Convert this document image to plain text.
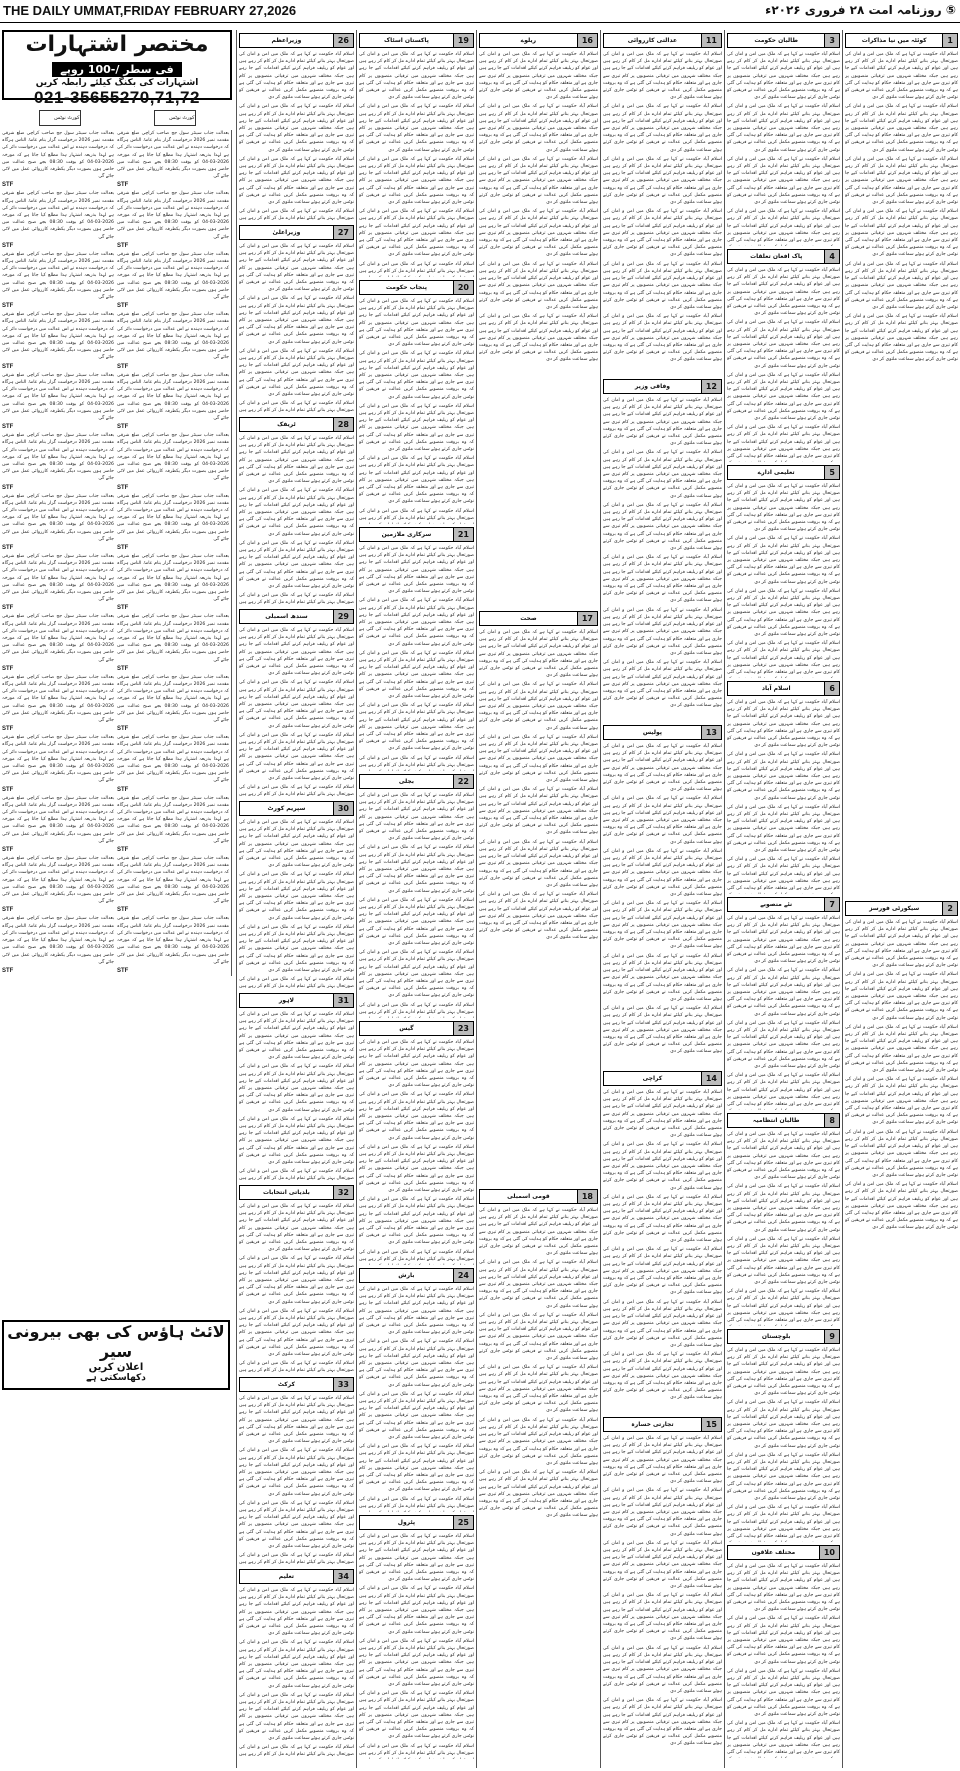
THE DAILY UMMAT,FRIDAY FEBRUARY 27,2026	⑤ روزنامہ امت ۲۸ فروری ۲۰۲۶ء
کورٹ نوٹس	کورٹ نوٹس

بعدالت جناب سینئر سول جج صاحب کراچی ضلع شرقی مقدمہ نمبر 2026 درخواست گزار بنام عامۃ الناس ہرگاہ کہ درخواست دہندہ نے اس عدالت میں درخواست دائر کی ہے لہذا بذریعہ اشتہار ہذا مطلع کیا جاتا ہے کہ مورخہ 2026-03-04 کو بوقت 08:30 بجے صبح عدالت میں حاضر ہوں بصورت دیگر یکطرفہ کارروائی عمل میں لائی جائے گی

STF

بعدالت جناب سینئر سول جج صاحب کراچی ضلع شرقی مقدمہ نمبر 2026 درخواست گزار بنام عامۃ الناس ہرگاہ کہ درخواست دہندہ نے اس عدالت میں درخواست دائر کی ہے لہذا بذریعہ اشتہار ہذا مطلع کیا جاتا ہے کہ مورخہ 2026-03-04 کو بوقت 08:30 بجے صبح عدالت میں حاضر ہوں بصورت دیگر یکطرفہ کارروائی عمل میں لائی جائے گی

STF

بعدالت جناب سینئر سول جج صاحب کراچی ضلع شرقی مقدمہ نمبر 2026 درخواست گزار بنام عامۃ الناس ہرگاہ کہ درخواست دہندہ نے اس عدالت میں درخواست دائر کی ہے لہذا بذریعہ اشتہار ہذا مطلع کیا جاتا ہے کہ مورخہ 2026-03-04 کو بوقت 08:30 بجے صبح عدالت میں حاضر ہوں بصورت دیگر یکطرفہ کارروائی عمل میں لائی جائے گی

STF

بعدالت جناب سینئر سول جج صاحب کراچی ضلع شرقی مقدمہ نمبر 2026 درخواست گزار بنام عامۃ الناس ہرگاہ کہ درخواست دہندہ نے اس عدالت میں درخواست دائر کی ہے لہذا بذریعہ اشتہار ہذا مطلع کیا جاتا ہے کہ مورخہ 2026-03-04 کو بوقت 08:30 بجے صبح عدالت میں حاضر ہوں بصورت دیگر یکطرفہ کارروائی عمل میں لائی جائے گی

STF

بعدالت جناب سینئر سول جج صاحب کراچی ضلع شرقی مقدمہ نمبر 2026 درخواست گزار بنام عامۃ الناس ہرگاہ کہ درخواست دہندہ نے اس عدالت میں درخواست دائر کی ہے لہذا بذریعہ اشتہار ہذا مطلع کیا جاتا ہے کہ مورخہ 2026-03-04 کو بوقت 08:30 بجے صبح عدالت میں حاضر ہوں بصورت دیگر یکطرفہ کارروائی عمل میں لائی جائے گی

STF

بعدالت جناب سینئر سول جج صاحب کراچی ضلع شرقی مقدمہ نمبر 2026 درخواست گزار بنام عامۃ الناس ہرگاہ کہ درخواست دہندہ نے اس عدالت میں درخواست دائر کی ہے لہذا بذریعہ اشتہار ہذا مطلع کیا جاتا ہے کہ مورخہ 2026-03-04 کو بوقت 08:30 بجے صبح عدالت میں حاضر ہوں بصورت دیگر یکطرفہ کارروائی عمل میں لائی جائے گی

STF

بعدالت جناب سینئر سول جج صاحب کراچی ضلع شرقی مقدمہ نمبر 2026 درخواست گزار بنام عامۃ الناس ہرگاہ کہ درخواست دہندہ نے اس عدالت میں درخواست دائر کی ہے لہذا بذریعہ اشتہار ہذا مطلع کیا جاتا ہے کہ مورخہ 2026-03-04 کو بوقت 08:30 بجے صبح عدالت میں حاضر ہوں بصورت دیگر یکطرفہ کارروائی عمل میں لائی جائے گی

STF

بعدالت جناب سینئر سول جج صاحب کراچی ضلع شرقی مقدمہ نمبر 2026 درخواست گزار بنام عامۃ الناس ہرگاہ کہ درخواست دہندہ نے اس عدالت میں درخواست دائر کی ہے لہذا بذریعہ اشتہار ہذا مطلع کیا جاتا ہے کہ مورخہ 2026-03-04 کو بوقت 08:30 بجے صبح عدالت میں حاضر ہوں بصورت دیگر یکطرفہ کارروائی عمل میں لائی جائے گی

STF

بعدالت جناب سینئر سول جج صاحب کراچی ضلع شرقی مقدمہ نمبر 2026 درخواست گزار بنام عامۃ الناس ہرگاہ کہ درخواست دہندہ نے اس عدالت میں درخواست دائر کی ہے لہذا بذریعہ اشتہار ہذا مطلع کیا جاتا ہے کہ مورخہ 2026-03-04 کو بوقت 08:30 بجے صبح عدالت میں حاضر ہوں بصورت دیگر یکطرفہ کارروائی عمل میں لائی جائے گی

STF

بعدالت جناب سینئر سول جج صاحب کراچی ضلع شرقی مقدمہ نمبر 2026 درخواست گزار بنام عامۃ الناس ہرگاہ کہ درخواست دہندہ نے اس عدالت میں درخواست دائر کی ہے لہذا بذریعہ اشتہار ہذا مطلع کیا جاتا ہے کہ مورخہ 2026-03-04 کو بوقت 08:30 بجے صبح عدالت میں حاضر ہوں بصورت دیگر یکطرفہ کارروائی عمل میں لائی جائے گی

STF

بعدالت جناب سینئر سول جج صاحب کراچی ضلع شرقی مقدمہ نمبر 2026 درخواست گزار بنام عامۃ الناس ہرگاہ کہ درخواست دہندہ نے اس عدالت میں درخواست دائر کی ہے لہذا بذریعہ اشتہار ہذا مطلع کیا جاتا ہے کہ مورخہ 2026-03-04 کو بوقت 08:30 بجے صبح عدالت میں حاضر ہوں بصورت دیگر یکطرفہ کارروائی عمل میں لائی جائے گی

STF

بعدالت جناب سینئر سول جج صاحب کراچی ضلع شرقی مقدمہ نمبر 2026 درخواست گزار بنام عامۃ الناس ہرگاہ کہ درخواست دہندہ نے اس عدالت میں درخواست دائر کی ہے لہذا بذریعہ اشتہار ہذا مطلع کیا جاتا ہے کہ مورخہ 2026-03-04 کو بوقت 08:30 بجے صبح عدالت میں حاضر ہوں بصورت دیگر یکطرفہ کارروائی عمل میں لائی جائے گی

STF

بعدالت جناب سینئر سول جج صاحب کراچی ضلع شرقی مقدمہ نمبر 2026 درخواست گزار بنام عامۃ الناس ہرگاہ کہ درخواست دہندہ نے اس عدالت میں درخواست دائر کی ہے لہذا بذریعہ اشتہار ہذا مطلع کیا جاتا ہے کہ مورخہ 2026-03-04 کو بوقت 08:30 بجے صبح عدالت میں حاضر ہوں بصورت دیگر یکطرفہ کارروائی عمل میں لائی جائے گی

STF

بعدالت جناب سینئر سول جج صاحب کراچی ضلع شرقی مقدمہ نمبر 2026 درخواست گزار بنام عامۃ الناس ہرگاہ کہ درخواست دہندہ نے اس عدالت میں درخواست دائر کی ہے لہذا بذریعہ اشتہار ہذا مطلع کیا جاتا ہے کہ مورخہ 2026-03-04 کو بوقت 08:30 بجے صبح عدالت میں حاضر ہوں بصورت دیگر یکطرفہ کارروائی عمل میں لائی جائے گی

STF

بعدالت جناب سینئر سول جج صاحب کراچی ضلع شرقی مقدمہ نمبر 2026 درخواست گزار بنام عامۃ الناس ہرگاہ کہ درخواست دہندہ نے اس عدالت میں درخواست دائر کی ہے لہذا بذریعہ اشتہار ہذا مطلع کیا جاتا ہے کہ مورخہ 2026-03-04 کو بوقت 08:30 بجے صبح عدالت میں حاضر ہوں بصورت دیگر یکطرفہ کارروائی عمل میں لائی جائے گی

STF

بعدالت جناب سینئر سول جج صاحب کراچی ضلع شرقی مقدمہ نمبر 2026 درخواست گزار بنام عامۃ الناس ہرگاہ کہ درخواست دہندہ نے اس عدالت میں درخواست دائر کی ہے لہذا بذریعہ اشتہار ہذا مطلع کیا جاتا ہے کہ مورخہ 2026-03-04 کو بوقت 08:30 بجے صبح عدالت میں حاضر ہوں بصورت دیگر یکطرفہ کارروائی عمل میں لائی جائے گی

STF

بعدالت جناب سینئر سول جج صاحب کراچی ضلع شرقی مقدمہ نمبر 2026 درخواست گزار بنام عامۃ الناس ہرگاہ کہ درخواست دہندہ نے اس عدالت میں درخواست دائر کی ہے لہذا بذریعہ اشتہار ہذا مطلع کیا جاتا ہے کہ مورخہ 2026-03-04 کو بوقت 08:30 بجے صبح عدالت میں حاضر ہوں بصورت دیگر یکطرفہ کارروائی عمل میں لائی جائے گی

STF

بعدالت جناب سینئر سول جج صاحب کراچی ضلع شرقی مقدمہ نمبر 2026 درخواست گزار بنام عامۃ الناس ہرگاہ کہ درخواست دہندہ نے اس عدالت میں درخواست دائر کی ہے لہذا بذریعہ اشتہار ہذا مطلع کیا جاتا ہے کہ مورخہ 2026-03-04 کو بوقت 08:30 بجے صبح عدالت میں حاضر ہوں بصورت دیگر یکطرفہ کارروائی عمل میں لائی جائے گی

STF

بعدالت جناب سینئر سول جج صاحب کراچی ضلع شرقی مقدمہ نمبر 2026 درخواست گزار بنام عامۃ الناس ہرگاہ کہ درخواست دہندہ نے اس عدالت میں درخواست دائر کی ہے لہذا بذریعہ اشتہار ہذا مطلع کیا جاتا ہے کہ مورخہ 2026-03-04 کو بوقت 08:30 بجے صبح عدالت میں حاضر ہوں بصورت دیگر یکطرفہ کارروائی عمل میں لائی جائے گی

STF

بعدالت جناب سینئر سول جج صاحب کراچی ضلع شرقی مقدمہ نمبر 2026 درخواست گزار بنام عامۃ الناس ہرگاہ کہ درخواست دہندہ نے اس عدالت میں درخواست دائر کی ہے لہذا بذریعہ اشتہار ہذا مطلع کیا جاتا ہے کہ مورخہ 2026-03-04 کو بوقت 08:30 بجے صبح عدالت میں حاضر ہوں بصورت دیگر یکطرفہ کارروائی عمل میں لائی جائے گی

STF

بعدالت جناب سینئر سول جج صاحب کراچی ضلع شرقی مقدمہ نمبر 2026 درخواست گزار بنام عامۃ الناس ہرگاہ کہ درخواست دہندہ نے اس عدالت میں درخواست دائر کی ہے لہذا بذریعہ اشتہار ہذا مطلع کیا جاتا ہے کہ مورخہ 2026-03-04 کو بوقت 08:30 بجے صبح عدالت میں حاضر ہوں بصورت دیگر یکطرفہ کارروائی عمل میں لائی جائے گی

STF

بعدالت جناب سینئر سول جج صاحب کراچی ضلع شرقی مقدمہ نمبر 2026 درخواست گزار بنام عامۃ الناس ہرگاہ کہ درخواست دہندہ نے اس عدالت میں درخواست دائر کی ہے لہذا بذریعہ اشتہار ہذا مطلع کیا جاتا ہے کہ مورخہ 2026-03-04 کو بوقت 08:30 بجے صبح عدالت میں حاضر ہوں بصورت دیگر یکطرفہ کارروائی عمل میں لائی جائے گی

STF

بعدالت جناب سینئر سول جج صاحب کراچی ضلع شرقی مقدمہ نمبر 2026 درخواست گزار بنام عامۃ الناس ہرگاہ کہ درخواست دہندہ نے اس عدالت میں درخواست دائر کی ہے لہذا بذریعہ اشتہار ہذا مطلع کیا جاتا ہے کہ مورخہ 2026-03-04 کو بوقت 08:30 بجے صبح عدالت میں حاضر ہوں بصورت دیگر یکطرفہ کارروائی عمل میں لائی جائے گی

STF

بعدالت جناب سینئر سول جج صاحب کراچی ضلع شرقی مقدمہ نمبر 2026 درخواست گزار بنام عامۃ الناس ہرگاہ کہ درخواست دہندہ نے اس عدالت میں درخواست دائر کی ہے لہذا بذریعہ اشتہار ہذا مطلع کیا جاتا ہے کہ مورخہ 2026-03-04 کو بوقت 08:30 بجے صبح عدالت میں حاضر ہوں بصورت دیگر یکطرفہ کارروائی عمل میں لائی جائے گی

STF

بعدالت جناب سینئر سول جج صاحب کراچی ضلع شرقی مقدمہ نمبر 2026 درخواست گزار بنام عامۃ الناس ہرگاہ کہ درخواست دہندہ نے اس عدالت میں درخواست دائر کی ہے لہذا بذریعہ اشتہار ہذا مطلع کیا جاتا ہے کہ مورخہ 2026-03-04 کو بوقت 08:30 بجے صبح عدالت میں حاضر ہوں بصورت دیگر یکطرفہ کارروائی عمل میں لائی جائے گی

STF

بعدالت جناب سینئر سول جج صاحب کراچی ضلع شرقی مقدمہ نمبر 2026 درخواست گزار بنام عامۃ الناس ہرگاہ کہ درخواست دہندہ نے اس عدالت میں درخواست دائر کی ہے لہذا بذریعہ اشتہار ہذا مطلع کیا جاتا ہے کہ مورخہ 2026-03-04 کو بوقت 08:30 بجے صبح عدالت میں حاضر ہوں بصورت دیگر یکطرفہ کارروائی عمل میں لائی جائے گی

STF

بعدالت جناب سینئر سول جج صاحب کراچی ضلع شرقی مقدمہ نمبر 2026 درخواست گزار بنام عامۃ الناس ہرگاہ کہ درخواست دہندہ نے اس عدالت میں درخواست دائر کی ہے لہذا بذریعہ اشتہار ہذا مطلع کیا جاتا ہے کہ مورخہ 2026-03-04 کو بوقت 08:30 بجے صبح عدالت میں حاضر ہوں بصورت دیگر یکطرفہ کارروائی عمل میں لائی جائے گی

STF

بعدالت جناب سینئر سول جج صاحب کراچی ضلع شرقی مقدمہ نمبر 2026 درخواست گزار بنام عامۃ الناس ہرگاہ کہ درخواست دہندہ نے اس عدالت میں درخواست دائر کی ہے لہذا بذریعہ اشتہار ہذا مطلع کیا جاتا ہے کہ مورخہ 2026-03-04 کو بوقت 08:30 بجے صبح عدالت میں حاضر ہوں بصورت دیگر یکطرفہ کارروائی عمل میں لائی جائے گی

STF
مختصر اشتہارات
فی سطر /-100 روپے
اشتہارات کی بکنگ کیلئے رابطہ کریں
021-35655270,71,72
لائٹ ہاؤس کی بھی بیرونی سیر
اعلان کریں
دکھاسکتی ہے
26
وزیراعظم

اسلام آباد حکومت نے کہا ہے کہ ملک میں امن و امان کی صورتحال بہتر بنانے کیلئے تمام ادارے مل کر کام کر رہے ہیں اور عوام کو ریلیف فراہم کرنے کیلئے اقدامات کیے جا رہے ہیں جبکہ مختلف شہروں میں ترقیاتی منصوبوں پر کام تیزی سے جاری ہے اور متعلقہ حکام کو ہدایت کی گئی ہے کہ وہ بروقت منصوبے مکمل کریں عدالت نے فریقین کو نوٹس جاری کرتے ہوئے سماعت ملتوی کر دی

اسلام آباد حکومت نے کہا ہے کہ ملک میں امن و امان کی صورتحال بہتر بنانے کیلئے تمام ادارے مل کر کام کر رہے ہیں اور عوام کو ریلیف فراہم کرنے کیلئے اقدامات کیے جا رہے ہیں جبکہ مختلف شہروں میں ترقیاتی منصوبوں پر کام تیزی سے جاری ہے اور متعلقہ حکام کو ہدایت کی گئی ہے کہ وہ بروقت منصوبے مکمل کریں عدالت نے فریقین کو نوٹس جاری کرتے ہوئے سماعت ملتوی کر دی

اسلام آباد حکومت نے کہا ہے کہ ملک میں امن و امان کی صورتحال بہتر بنانے کیلئے تمام ادارے مل کر کام کر رہے ہیں اور عوام کو ریلیف فراہم کرنے کیلئے اقدامات کیے جا رہے ہیں جبکہ مختلف شہروں میں ترقیاتی منصوبوں پر کام تیزی سے جاری ہے اور متعلقہ حکام کو ہدایت کی گئی ہے کہ وہ بروقت منصوبے مکمل کریں عدالت نے فریقین کو نوٹس جاری کرتے ہوئے سماعت ملتوی کر دی

اسلام آباد حکومت نے کہا ہے کہ ملک میں امن و امان کی صورتحال بہتر بنانے کیلئے تمام ادارے مل کر کام کر رہے ہیں

27
وزیراعلیٰ

اسلام آباد حکومت نے کہا ہے کہ ملک میں امن و امان کی صورتحال بہتر بنانے کیلئے تمام ادارے مل کر کام کر رہے ہیں اور عوام کو ریلیف فراہم کرنے کیلئے اقدامات کیے جا رہے ہیں جبکہ مختلف شہروں میں ترقیاتی منصوبوں پر کام تیزی سے جاری ہے اور متعلقہ حکام کو ہدایت کی گئی ہے کہ وہ بروقت منصوبے مکمل کریں عدالت نے فریقین کو نوٹس جاری کرتے ہوئے سماعت ملتوی کر دی

اسلام آباد حکومت نے کہا ہے کہ ملک میں امن و امان کی صورتحال بہتر بنانے کیلئے تمام ادارے مل کر کام کر رہے ہیں اور عوام کو ریلیف فراہم کرنے کیلئے اقدامات کیے جا رہے ہیں جبکہ مختلف شہروں میں ترقیاتی منصوبوں پر کام تیزی سے جاری ہے اور متعلقہ حکام کو ہدایت کی گئی ہے کہ وہ بروقت منصوبے مکمل کریں عدالت نے فریقین کو نوٹس جاری کرتے ہوئے سماعت ملتوی کر دی

اسلام آباد حکومت نے کہا ہے کہ ملک میں امن و امان کی صورتحال بہتر بنانے کیلئے تمام ادارے مل کر کام کر رہے ہیں اور عوام کو ریلیف فراہم کرنے کیلئے اقدامات کیے جا رہے ہیں جبکہ مختلف شہروں میں ترقیاتی منصوبوں پر کام تیزی سے جاری ہے اور متعلقہ حکام کو ہدایت کی گئی ہے کہ وہ بروقت منصوبے مکمل کریں عدالت نے فریقین کو نوٹس جاری کرتے ہوئے سماعت ملتوی کر دی

اسلام آباد حکومت نے کہا ہے کہ ملک میں امن و امان کی صورتحال بہتر بنانے کیلئے تمام ادارے مل کر کام کر رہے ہیں

28
ٹریفک

اسلام آباد حکومت نے کہا ہے کہ ملک میں امن و امان کی صورتحال بہتر بنانے کیلئے تمام ادارے مل کر کام کر رہے ہیں اور عوام کو ریلیف فراہم کرنے کیلئے اقدامات کیے جا رہے ہیں جبکہ مختلف شہروں میں ترقیاتی منصوبوں پر کام تیزی سے جاری ہے اور متعلقہ حکام کو ہدایت کی گئی ہے کہ وہ بروقت منصوبے مکمل کریں عدالت نے فریقین کو نوٹس جاری کرتے ہوئے سماعت ملتوی کر دی

اسلام آباد حکومت نے کہا ہے کہ ملک میں امن و امان کی صورتحال بہتر بنانے کیلئے تمام ادارے مل کر کام کر رہے ہیں اور عوام کو ریلیف فراہم کرنے کیلئے اقدامات کیے جا رہے ہیں جبکہ مختلف شہروں میں ترقیاتی منصوبوں پر کام تیزی سے جاری ہے اور متعلقہ حکام کو ہدایت کی گئی ہے کہ وہ بروقت منصوبے مکمل کریں عدالت نے فریقین کو نوٹس جاری کرتے ہوئے سماعت ملتوی کر دی

اسلام آباد حکومت نے کہا ہے کہ ملک میں امن و امان کی صورتحال بہتر بنانے کیلئے تمام ادارے مل کر کام کر رہے ہیں اور عوام کو ریلیف فراہم کرنے کیلئے اقدامات کیے جا رہے ہیں جبکہ مختلف شہروں میں ترقیاتی منصوبوں پر کام تیزی سے جاری ہے اور متعلقہ حکام کو ہدایت کی گئی ہے کہ وہ بروقت منصوبے مکمل کریں عدالت نے فریقین کو نوٹس جاری کرتے ہوئے سماعت ملتوی کر دی

اسلام آباد حکومت نے کہا ہے کہ ملک میں امن و امان کی صورتحال بہتر بنانے کیلئے تمام ادارے مل کر کام کر رہے ہیں

29
سندھ اسمبلی

اسلام آباد حکومت نے کہا ہے کہ ملک میں امن و امان کی صورتحال بہتر بنانے کیلئے تمام ادارے مل کر کام کر رہے ہیں اور عوام کو ریلیف فراہم کرنے کیلئے اقدامات کیے جا رہے ہیں جبکہ مختلف شہروں میں ترقیاتی منصوبوں پر کام تیزی سے جاری ہے اور متعلقہ حکام کو ہدایت کی گئی ہے کہ وہ بروقت منصوبے مکمل کریں عدالت نے فریقین کو نوٹس جاری کرتے ہوئے سماعت ملتوی کر دی

اسلام آباد حکومت نے کہا ہے کہ ملک میں امن و امان کی صورتحال بہتر بنانے کیلئے تمام ادارے مل کر کام کر رہے ہیں اور عوام کو ریلیف فراہم کرنے کیلئے اقدامات کیے جا رہے ہیں جبکہ مختلف شہروں میں ترقیاتی منصوبوں پر کام تیزی سے جاری ہے اور متعلقہ حکام کو ہدایت کی گئی ہے کہ وہ بروقت منصوبے مکمل کریں عدالت نے فریقین کو نوٹس جاری کرتے ہوئے سماعت ملتوی کر دی

اسلام آباد حکومت نے کہا ہے کہ ملک میں امن و امان کی صورتحال بہتر بنانے کیلئے تمام ادارے مل کر کام کر رہے ہیں اور عوام کو ریلیف فراہم کرنے کیلئے اقدامات کیے جا رہے ہیں جبکہ مختلف شہروں میں ترقیاتی منصوبوں پر کام تیزی سے جاری ہے اور متعلقہ حکام کو ہدایت کی گئی ہے کہ وہ بروقت منصوبے مکمل کریں عدالت نے فریقین کو نوٹس جاری کرتے ہوئے سماعت ملتوی کر دی

اسلام آباد حکومت نے کہا ہے کہ ملک میں امن و امان کی صورتحال بہتر بنانے کیلئے تمام ادارے مل کر کام کر رہے ہیں

30
سپریم کورٹ

اسلام آباد حکومت نے کہا ہے کہ ملک میں امن و امان کی صورتحال بہتر بنانے کیلئے تمام ادارے مل کر کام کر رہے ہیں اور عوام کو ریلیف فراہم کرنے کیلئے اقدامات کیے جا رہے ہیں جبکہ مختلف شہروں میں ترقیاتی منصوبوں پر کام تیزی سے جاری ہے اور متعلقہ حکام کو ہدایت کی گئی ہے کہ وہ بروقت منصوبے مکمل کریں عدالت نے فریقین کو نوٹس جاری کرتے ہوئے سماعت ملتوی کر دی

اسلام آباد حکومت نے کہا ہے کہ ملک میں امن و امان کی صورتحال بہتر بنانے کیلئے تمام ادارے مل کر کام کر رہے ہیں اور عوام کو ریلیف فراہم کرنے کیلئے اقدامات کیے جا رہے ہیں جبکہ مختلف شہروں میں ترقیاتی منصوبوں پر کام تیزی سے جاری ہے اور متعلقہ حکام کو ہدایت کی گئی ہے کہ وہ بروقت منصوبے مکمل کریں عدالت نے فریقین کو نوٹس جاری کرتے ہوئے سماعت ملتوی کر دی

اسلام آباد حکومت نے کہا ہے کہ ملک میں امن و امان کی صورتحال بہتر بنانے کیلئے تمام ادارے مل کر کام کر رہے ہیں اور عوام کو ریلیف فراہم کرنے کیلئے اقدامات کیے جا رہے ہیں جبکہ مختلف شہروں میں ترقیاتی منصوبوں پر کام تیزی سے جاری ہے اور متعلقہ حکام کو ہدایت کی گئی ہے کہ وہ بروقت منصوبے مکمل کریں عدالت نے فریقین کو نوٹس جاری کرتے ہوئے سماعت ملتوی کر دی

اسلام آباد حکومت نے کہا ہے کہ ملک میں امن و امان کی صورتحال بہتر بنانے کیلئے تمام ادارے مل کر کام کر رہے ہیں

31
لاہور

اسلام آباد حکومت نے کہا ہے کہ ملک میں امن و امان کی صورتحال بہتر بنانے کیلئے تمام ادارے مل کر کام کر رہے ہیں اور عوام کو ریلیف فراہم کرنے کیلئے اقدامات کیے جا رہے ہیں جبکہ مختلف شہروں میں ترقیاتی منصوبوں پر کام تیزی سے جاری ہے اور متعلقہ حکام کو ہدایت کی گئی ہے کہ وہ بروقت منصوبے مکمل کریں عدالت نے فریقین کو نوٹس جاری کرتے ہوئے سماعت ملتوی کر دی

اسلام آباد حکومت نے کہا ہے کہ ملک میں امن و امان کی صورتحال بہتر بنانے کیلئے تمام ادارے مل کر کام کر رہے ہیں اور عوام کو ریلیف فراہم کرنے کیلئے اقدامات کیے جا رہے ہیں جبکہ مختلف شہروں میں ترقیاتی منصوبوں پر کام تیزی سے جاری ہے اور متعلقہ حکام کو ہدایت کی گئی ہے کہ وہ بروقت منصوبے مکمل کریں عدالت نے فریقین کو نوٹس جاری کرتے ہوئے سماعت ملتوی کر دی

اسلام آباد حکومت نے کہا ہے کہ ملک میں امن و امان کی صورتحال بہتر بنانے کیلئے تمام ادارے مل کر کام کر رہے ہیں اور عوام کو ریلیف فراہم کرنے کیلئے اقدامات کیے جا رہے ہیں جبکہ مختلف شہروں میں ترقیاتی منصوبوں پر کام تیزی سے جاری ہے اور متعلقہ حکام کو ہدایت کی گئی ہے کہ وہ بروقت منصوبے مکمل کریں عدالت نے فریقین کو نوٹس جاری کرتے ہوئے سماعت ملتوی کر دی

اسلام آباد حکومت نے کہا ہے کہ ملک میں امن و امان کی صورتحال بہتر بنانے کیلئے تمام ادارے مل کر کام کر رہے ہیں

32
بلدیاتی انتخابات

اسلام آباد حکومت نے کہا ہے کہ ملک میں امن و امان کی صورتحال بہتر بنانے کیلئے تمام ادارے مل کر کام کر رہے ہیں اور عوام کو ریلیف فراہم کرنے کیلئے اقدامات کیے جا رہے ہیں جبکہ مختلف شہروں میں ترقیاتی منصوبوں پر کام تیزی سے جاری ہے اور متعلقہ حکام کو ہدایت کی گئی ہے کہ وہ بروقت منصوبے مکمل کریں عدالت نے فریقین کو نوٹس جاری کرتے ہوئے سماعت ملتوی کر دی

اسلام آباد حکومت نے کہا ہے کہ ملک میں امن و امان کی صورتحال بہتر بنانے کیلئے تمام ادارے مل کر کام کر رہے ہیں اور عوام کو ریلیف فراہم کرنے کیلئے اقدامات کیے جا رہے ہیں جبکہ مختلف شہروں میں ترقیاتی منصوبوں پر کام تیزی سے جاری ہے اور متعلقہ حکام کو ہدایت کی گئی ہے کہ وہ بروقت منصوبے مکمل کریں عدالت نے فریقین کو نوٹس جاری کرتے ہوئے سماعت ملتوی کر دی

اسلام آباد حکومت نے کہا ہے کہ ملک میں امن و امان کی صورتحال بہتر بنانے کیلئے تمام ادارے مل کر کام کر رہے ہیں اور عوام کو ریلیف فراہم کرنے کیلئے اقدامات کیے جا رہے ہیں جبکہ مختلف شہروں میں ترقیاتی منصوبوں پر کام تیزی سے جاری ہے اور متعلقہ حکام کو ہدایت کی گئی ہے کہ وہ بروقت منصوبے مکمل کریں عدالت نے فریقین کو نوٹس جاری کرتے ہوئے سماعت ملتوی کر دی

اسلام آباد حکومت نے کہا ہے کہ ملک میں امن و امان کی صورتحال بہتر بنانے کیلئے تمام ادارے مل کر کام کر رہے ہیں

33
کرکٹ

اسلام آباد حکومت نے کہا ہے کہ ملک میں امن و امان کی صورتحال بہتر بنانے کیلئے تمام ادارے مل کر کام کر رہے ہیں اور عوام کو ریلیف فراہم کرنے کیلئے اقدامات کیے جا رہے ہیں جبکہ مختلف شہروں میں ترقیاتی منصوبوں پر کام تیزی سے جاری ہے اور متعلقہ حکام کو ہدایت کی گئی ہے کہ وہ بروقت منصوبے مکمل کریں عدالت نے فریقین کو نوٹس جاری کرتے ہوئے سماعت ملتوی کر دی

اسلام آباد حکومت نے کہا ہے کہ ملک میں امن و امان کی صورتحال بہتر بنانے کیلئے تمام ادارے مل کر کام کر رہے ہیں اور عوام کو ریلیف فراہم کرنے کیلئے اقدامات کیے جا رہے ہیں جبکہ مختلف شہروں میں ترقیاتی منصوبوں پر کام تیزی سے جاری ہے اور متعلقہ حکام کو ہدایت کی گئی ہے کہ وہ بروقت منصوبے مکمل کریں عدالت نے فریقین کو نوٹس جاری کرتے ہوئے سماعت ملتوی کر دی

اسلام آباد حکومت نے کہا ہے کہ ملک میں امن و امان کی صورتحال بہتر بنانے کیلئے تمام ادارے مل کر کام کر رہے ہیں اور عوام کو ریلیف فراہم کرنے کیلئے اقدامات کیے جا رہے ہیں جبکہ مختلف شہروں میں ترقیاتی منصوبوں پر کام تیزی سے جاری ہے اور متعلقہ حکام کو ہدایت کی گئی ہے کہ وہ بروقت منصوبے مکمل کریں عدالت نے فریقین کو نوٹس جاری کرتے ہوئے سماعت ملتوی کر دی

اسلام آباد حکومت نے کہا ہے کہ ملک میں امن و امان کی صورتحال بہتر بنانے کیلئے تمام ادارے مل کر کام کر رہے ہیں

34
تعلیم

اسلام آباد حکومت نے کہا ہے کہ ملک میں امن و امان کی صورتحال بہتر بنانے کیلئے تمام ادارے مل کر کام کر رہے ہیں اور عوام کو ریلیف فراہم کرنے کیلئے اقدامات کیے جا رہے ہیں جبکہ مختلف شہروں میں ترقیاتی منصوبوں پر کام تیزی سے جاری ہے اور متعلقہ حکام کو ہدایت کی گئی ہے کہ وہ بروقت منصوبے مکمل کریں عدالت نے فریقین کو نوٹس جاری کرتے ہوئے سماعت ملتوی کر دی

اسلام آباد حکومت نے کہا ہے کہ ملک میں امن و امان کی صورتحال بہتر بنانے کیلئے تمام ادارے مل کر کام کر رہے ہیں اور عوام کو ریلیف فراہم کرنے کیلئے اقدامات کیے جا رہے ہیں جبکہ مختلف شہروں میں ترقیاتی منصوبوں پر کام تیزی سے جاری ہے اور متعلقہ حکام کو ہدایت کی گئی ہے کہ وہ بروقت منصوبے مکمل کریں عدالت نے فریقین کو نوٹس جاری کرتے ہوئے سماعت ملتوی کر دی

اسلام آباد حکومت نے کہا ہے کہ ملک میں امن و امان کی صورتحال بہتر بنانے کیلئے تمام ادارے مل کر کام کر رہے ہیں اور عوام کو ریلیف فراہم کرنے کیلئے اقدامات کیے جا رہے ہیں جبکہ مختلف شہروں میں ترقیاتی منصوبوں پر کام تیزی سے جاری ہے اور متعلقہ حکام کو ہدایت کی گئی ہے کہ وہ بروقت منصوبے مکمل کریں عدالت نے فریقین کو نوٹس جاری کرتے ہوئے سماعت ملتوی کر دی

اسلام آباد حکومت نے کہا ہے کہ ملک میں امن و امان کی صورتحال بہتر بنانے کیلئے تمام ادارے مل کر کام کر رہے ہیں

19
پاکستان اسٹاک

اسلام آباد حکومت نے کہا ہے کہ ملک میں امن و امان کی صورتحال بہتر بنانے کیلئے تمام ادارے مل کر کام کر رہے ہیں اور عوام کو ریلیف فراہم کرنے کیلئے اقدامات کیے جا رہے ہیں جبکہ مختلف شہروں میں ترقیاتی منصوبوں پر کام تیزی سے جاری ہے اور متعلقہ حکام کو ہدایت کی گئی ہے کہ وہ بروقت منصوبے مکمل کریں عدالت نے فریقین کو نوٹس جاری کرتے ہوئے سماعت ملتوی کر دی

اسلام آباد حکومت نے کہا ہے کہ ملک میں امن و امان کی صورتحال بہتر بنانے کیلئے تمام ادارے مل کر کام کر رہے ہیں اور عوام کو ریلیف فراہم کرنے کیلئے اقدامات کیے جا رہے ہیں جبکہ مختلف شہروں میں ترقیاتی منصوبوں پر کام تیزی سے جاری ہے اور متعلقہ حکام کو ہدایت کی گئی ہے کہ وہ بروقت منصوبے مکمل کریں عدالت نے فریقین کو نوٹس جاری کرتے ہوئے سماعت ملتوی کر دی

اسلام آباد حکومت نے کہا ہے کہ ملک میں امن و امان کی صورتحال بہتر بنانے کیلئے تمام ادارے مل کر کام کر رہے ہیں اور عوام کو ریلیف فراہم کرنے کیلئے اقدامات کیے جا رہے ہیں جبکہ مختلف شہروں میں ترقیاتی منصوبوں پر کام تیزی سے جاری ہے اور متعلقہ حکام کو ہدایت کی گئی ہے کہ وہ بروقت منصوبے مکمل کریں عدالت نے فریقین کو نوٹس جاری کرتے ہوئے سماعت ملتوی کر دی

اسلام آباد حکومت نے کہا ہے کہ ملک میں امن و امان کی صورتحال بہتر بنانے کیلئے تمام ادارے مل کر کام کر رہے ہیں اور عوام کو ریلیف فراہم کرنے کیلئے اقدامات کیے جا رہے ہیں جبکہ مختلف شہروں میں ترقیاتی منصوبوں پر کام تیزی سے جاری ہے اور متعلقہ حکام کو ہدایت کی گئی ہے کہ وہ بروقت منصوبے مکمل کریں عدالت نے فریقین کو نوٹس جاری کرتے ہوئے سماعت ملتوی کر دی

اسلام آباد حکومت نے کہا ہے کہ ملک میں امن و امان کی صورتحال بہتر بنانے کیلئے تمام ادارے مل کر کام کر رہے ہیں

20
پنجاب حکومت

اسلام آباد حکومت نے کہا ہے کہ ملک میں امن و امان کی صورتحال بہتر بنانے کیلئے تمام ادارے مل کر کام کر رہے ہیں اور عوام کو ریلیف فراہم کرنے کیلئے اقدامات کیے جا رہے ہیں جبکہ مختلف شہروں میں ترقیاتی منصوبوں پر کام تیزی سے جاری ہے اور متعلقہ حکام کو ہدایت کی گئی ہے کہ وہ بروقت منصوبے مکمل کریں عدالت نے فریقین کو نوٹس جاری کرتے ہوئے سماعت ملتوی کر دی

اسلام آباد حکومت نے کہا ہے کہ ملک میں امن و امان کی صورتحال بہتر بنانے کیلئے تمام ادارے مل کر کام کر رہے ہیں اور عوام کو ریلیف فراہم کرنے کیلئے اقدامات کیے جا رہے ہیں جبکہ مختلف شہروں میں ترقیاتی منصوبوں پر کام تیزی سے جاری ہے اور متعلقہ حکام کو ہدایت کی گئی ہے کہ وہ بروقت منصوبے مکمل کریں عدالت نے فریقین کو نوٹس جاری کرتے ہوئے سماعت ملتوی کر دی

اسلام آباد حکومت نے کہا ہے کہ ملک میں امن و امان کی صورتحال بہتر بنانے کیلئے تمام ادارے مل کر کام کر رہے ہیں اور عوام کو ریلیف فراہم کرنے کیلئے اقدامات کیے جا رہے ہیں جبکہ مختلف شہروں میں ترقیاتی منصوبوں پر کام تیزی سے جاری ہے اور متعلقہ حکام کو ہدایت کی گئی ہے کہ وہ بروقت منصوبے مکمل کریں عدالت نے فریقین کو نوٹس جاری کرتے ہوئے سماعت ملتوی کر دی

اسلام آباد حکومت نے کہا ہے کہ ملک میں امن و امان کی صورتحال بہتر بنانے کیلئے تمام ادارے مل کر کام کر رہے ہیں اور عوام کو ریلیف فراہم کرنے کیلئے اقدامات کیے جا رہے ہیں جبکہ مختلف شہروں میں ترقیاتی منصوبوں پر کام تیزی سے جاری ہے اور متعلقہ حکام کو ہدایت کی گئی ہے کہ وہ بروقت منصوبے مکمل کریں عدالت نے فریقین کو نوٹس جاری کرتے ہوئے سماعت ملتوی کر دی

اسلام آباد حکومت نے کہا ہے کہ ملک میں امن و امان کی صورتحال بہتر بنانے کیلئے تمام ادارے مل کر کام کر رہے ہیں

21
سرکاری ملازمین

اسلام آباد حکومت نے کہا ہے کہ ملک میں امن و امان کی صورتحال بہتر بنانے کیلئے تمام ادارے مل کر کام کر رہے ہیں اور عوام کو ریلیف فراہم کرنے کیلئے اقدامات کیے جا رہے ہیں جبکہ مختلف شہروں میں ترقیاتی منصوبوں پر کام تیزی سے جاری ہے اور متعلقہ حکام کو ہدایت کی گئی ہے کہ وہ بروقت منصوبے مکمل کریں عدالت نے فریقین کو نوٹس جاری کرتے ہوئے سماعت ملتوی کر دی

اسلام آباد حکومت نے کہا ہے کہ ملک میں امن و امان کی صورتحال بہتر بنانے کیلئے تمام ادارے مل کر کام کر رہے ہیں اور عوام کو ریلیف فراہم کرنے کیلئے اقدامات کیے جا رہے ہیں جبکہ مختلف شہروں میں ترقیاتی منصوبوں پر کام تیزی سے جاری ہے اور متعلقہ حکام کو ہدایت کی گئی ہے کہ وہ بروقت منصوبے مکمل کریں عدالت نے فریقین کو نوٹس جاری کرتے ہوئے سماعت ملتوی کر دی

اسلام آباد حکومت نے کہا ہے کہ ملک میں امن و امان کی صورتحال بہتر بنانے کیلئے تمام ادارے مل کر کام کر رہے ہیں اور عوام کو ریلیف فراہم کرنے کیلئے اقدامات کیے جا رہے ہیں جبکہ مختلف شہروں میں ترقیاتی منصوبوں پر کام تیزی سے جاری ہے اور متعلقہ حکام کو ہدایت کی گئی ہے کہ وہ بروقت منصوبے مکمل کریں عدالت نے فریقین کو نوٹس جاری کرتے ہوئے سماعت ملتوی کر دی

اسلام آباد حکومت نے کہا ہے کہ ملک میں امن و امان کی صورتحال بہتر بنانے کیلئے تمام ادارے مل کر کام کر رہے ہیں اور عوام کو ریلیف فراہم کرنے کیلئے اقدامات کیے جا رہے ہیں جبکہ مختلف شہروں میں ترقیاتی منصوبوں پر کام تیزی سے جاری ہے اور متعلقہ حکام کو ہدایت کی گئی ہے کہ وہ بروقت منصوبے مکمل کریں عدالت نے فریقین کو نوٹس جاری کرتے ہوئے سماعت ملتوی کر دی

اسلام آباد حکومت نے کہا ہے کہ ملک میں امن و امان کی صورتحال بہتر بنانے کیلئے تمام ادارے مل کر کام کر رہے ہیں

22
بجلی

اسلام آباد حکومت نے کہا ہے کہ ملک میں امن و امان کی صورتحال بہتر بنانے کیلئے تمام ادارے مل کر کام کر رہے ہیں اور عوام کو ریلیف فراہم کرنے کیلئے اقدامات کیے جا رہے ہیں جبکہ مختلف شہروں میں ترقیاتی منصوبوں پر کام تیزی سے جاری ہے اور متعلقہ حکام کو ہدایت کی گئی ہے کہ وہ بروقت منصوبے مکمل کریں عدالت نے فریقین کو نوٹس جاری کرتے ہوئے سماعت ملتوی کر دی

اسلام آباد حکومت نے کہا ہے کہ ملک میں امن و امان کی صورتحال بہتر بنانے کیلئے تمام ادارے مل کر کام کر رہے ہیں اور عوام کو ریلیف فراہم کرنے کیلئے اقدامات کیے جا رہے ہیں جبکہ مختلف شہروں میں ترقیاتی منصوبوں پر کام تیزی سے جاری ہے اور متعلقہ حکام کو ہدایت کی گئی ہے کہ وہ بروقت منصوبے مکمل کریں عدالت نے فریقین کو نوٹس جاری کرتے ہوئے سماعت ملتوی کر دی

اسلام آباد حکومت نے کہا ہے کہ ملک میں امن و امان کی صورتحال بہتر بنانے کیلئے تمام ادارے مل کر کام کر رہے ہیں اور عوام کو ریلیف فراہم کرنے کیلئے اقدامات کیے جا رہے ہیں جبکہ مختلف شہروں میں ترقیاتی منصوبوں پر کام تیزی سے جاری ہے اور متعلقہ حکام کو ہدایت کی گئی ہے کہ وہ بروقت منصوبے مکمل کریں عدالت نے فریقین کو نوٹس جاری کرتے ہوئے سماعت ملتوی کر دی

اسلام آباد حکومت نے کہا ہے کہ ملک میں امن و امان کی صورتحال بہتر بنانے کیلئے تمام ادارے مل کر کام کر رہے ہیں اور عوام کو ریلیف فراہم کرنے کیلئے اقدامات کیے جا رہے ہیں جبکہ مختلف شہروں میں ترقیاتی منصوبوں پر کام تیزی سے جاری ہے اور متعلقہ حکام کو ہدایت کی گئی ہے کہ وہ بروقت منصوبے مکمل کریں عدالت نے فریقین کو نوٹس جاری کرتے ہوئے سماعت ملتوی کر دی

اسلام آباد حکومت نے کہا ہے کہ ملک میں امن و امان کی صورتحال بہتر بنانے کیلئے تمام ادارے مل کر کام کر رہے ہیں

23
گیس

اسلام آباد حکومت نے کہا ہے کہ ملک میں امن و امان کی صورتحال بہتر بنانے کیلئے تمام ادارے مل کر کام کر رہے ہیں اور عوام کو ریلیف فراہم کرنے کیلئے اقدامات کیے جا رہے ہیں جبکہ مختلف شہروں میں ترقیاتی منصوبوں پر کام تیزی سے جاری ہے اور متعلقہ حکام کو ہدایت کی گئی ہے کہ وہ بروقت منصوبے مکمل کریں عدالت نے فریقین کو نوٹس جاری کرتے ہوئے سماعت ملتوی کر دی

اسلام آباد حکومت نے کہا ہے کہ ملک میں امن و امان کی صورتحال بہتر بنانے کیلئے تمام ادارے مل کر کام کر رہے ہیں اور عوام کو ریلیف فراہم کرنے کیلئے اقدامات کیے جا رہے ہیں جبکہ مختلف شہروں میں ترقیاتی منصوبوں پر کام تیزی سے جاری ہے اور متعلقہ حکام کو ہدایت کی گئی ہے کہ وہ بروقت منصوبے مکمل کریں عدالت نے فریقین کو نوٹس جاری کرتے ہوئے سماعت ملتوی کر دی

اسلام آباد حکومت نے کہا ہے کہ ملک میں امن و امان کی صورتحال بہتر بنانے کیلئے تمام ادارے مل کر کام کر رہے ہیں اور عوام کو ریلیف فراہم کرنے کیلئے اقدامات کیے جا رہے ہیں جبکہ مختلف شہروں میں ترقیاتی منصوبوں پر کام تیزی سے جاری ہے اور متعلقہ حکام کو ہدایت کی گئی ہے کہ وہ بروقت منصوبے مکمل کریں عدالت نے فریقین کو نوٹس جاری کرتے ہوئے سماعت ملتوی کر دی

اسلام آباد حکومت نے کہا ہے کہ ملک میں امن و امان کی صورتحال بہتر بنانے کیلئے تمام ادارے مل کر کام کر رہے ہیں اور عوام کو ریلیف فراہم کرنے کیلئے اقدامات کیے جا رہے ہیں جبکہ مختلف شہروں میں ترقیاتی منصوبوں پر کام تیزی سے جاری ہے اور متعلقہ حکام کو ہدایت کی گئی ہے کہ وہ بروقت منصوبے مکمل کریں عدالت نے فریقین کو نوٹس جاری کرتے ہوئے سماعت ملتوی کر دی

اسلام آباد حکومت نے کہا ہے کہ ملک میں امن و امان کی صورتحال بہتر بنانے کیلئے تمام ادارے مل کر کام کر رہے ہیں

24
بارش

اسلام آباد حکومت نے کہا ہے کہ ملک میں امن و امان کی صورتحال بہتر بنانے کیلئے تمام ادارے مل کر کام کر رہے ہیں اور عوام کو ریلیف فراہم کرنے کیلئے اقدامات کیے جا رہے ہیں جبکہ مختلف شہروں میں ترقیاتی منصوبوں پر کام تیزی سے جاری ہے اور متعلقہ حکام کو ہدایت کی گئی ہے کہ وہ بروقت منصوبے مکمل کریں عدالت نے فریقین کو نوٹس جاری کرتے ہوئے سماعت ملتوی کر دی

اسلام آباد حکومت نے کہا ہے کہ ملک میں امن و امان کی صورتحال بہتر بنانے کیلئے تمام ادارے مل کر کام کر رہے ہیں اور عوام کو ریلیف فراہم کرنے کیلئے اقدامات کیے جا رہے ہیں جبکہ مختلف شہروں میں ترقیاتی منصوبوں پر کام تیزی سے جاری ہے اور متعلقہ حکام کو ہدایت کی گئی ہے کہ وہ بروقت منصوبے مکمل کریں عدالت نے فریقین کو نوٹس جاری کرتے ہوئے سماعت ملتوی کر دی

اسلام آباد حکومت نے کہا ہے کہ ملک میں امن و امان کی صورتحال بہتر بنانے کیلئے تمام ادارے مل کر کام کر رہے ہیں اور عوام کو ریلیف فراہم کرنے کیلئے اقدامات کیے جا رہے ہیں جبکہ مختلف شہروں میں ترقیاتی منصوبوں پر کام تیزی سے جاری ہے اور متعلقہ حکام کو ہدایت کی گئی ہے کہ وہ بروقت منصوبے مکمل کریں عدالت نے فریقین کو نوٹس جاری کرتے ہوئے سماعت ملتوی کر دی

اسلام آباد حکومت نے کہا ہے کہ ملک میں امن و امان کی صورتحال بہتر بنانے کیلئے تمام ادارے مل کر کام کر رہے ہیں اور عوام کو ریلیف فراہم کرنے کیلئے اقدامات کیے جا رہے ہیں جبکہ مختلف شہروں میں ترقیاتی منصوبوں پر کام تیزی سے جاری ہے اور متعلقہ حکام کو ہدایت کی گئی ہے کہ وہ بروقت منصوبے مکمل کریں عدالت نے فریقین کو نوٹس جاری کرتے ہوئے سماعت ملتوی کر دی

اسلام آباد حکومت نے کہا ہے کہ ملک میں امن و امان کی صورتحال بہتر بنانے کیلئے تمام ادارے مل کر کام کر رہے ہیں

25
پٹرول

اسلام آباد حکومت نے کہا ہے کہ ملک میں امن و امان کی صورتحال بہتر بنانے کیلئے تمام ادارے مل کر کام کر رہے ہیں اور عوام کو ریلیف فراہم کرنے کیلئے اقدامات کیے جا رہے ہیں جبکہ مختلف شہروں میں ترقیاتی منصوبوں پر کام تیزی سے جاری ہے اور متعلقہ حکام کو ہدایت کی گئی ہے کہ وہ بروقت منصوبے مکمل کریں عدالت نے فریقین کو نوٹس جاری کرتے ہوئے سماعت ملتوی کر دی

اسلام آباد حکومت نے کہا ہے کہ ملک میں امن و امان کی صورتحال بہتر بنانے کیلئے تمام ادارے مل کر کام کر رہے ہیں اور عوام کو ریلیف فراہم کرنے کیلئے اقدامات کیے جا رہے ہیں جبکہ مختلف شہروں میں ترقیاتی منصوبوں پر کام تیزی سے جاری ہے اور متعلقہ حکام کو ہدایت کی گئی ہے کہ وہ بروقت منصوبے مکمل کریں عدالت نے فریقین کو نوٹس جاری کرتے ہوئے سماعت ملتوی کر دی

اسلام آباد حکومت نے کہا ہے کہ ملک میں امن و امان کی صورتحال بہتر بنانے کیلئے تمام ادارے مل کر کام کر رہے ہیں اور عوام کو ریلیف فراہم کرنے کیلئے اقدامات کیے جا رہے ہیں جبکہ مختلف شہروں میں ترقیاتی منصوبوں پر کام تیزی سے جاری ہے اور متعلقہ حکام کو ہدایت کی گئی ہے کہ وہ بروقت منصوبے مکمل کریں عدالت نے فریقین کو نوٹس جاری کرتے ہوئے سماعت ملتوی کر دی

اسلام آباد حکومت نے کہا ہے کہ ملک میں امن و امان کی صورتحال بہتر بنانے کیلئے تمام ادارے مل کر کام کر رہے ہیں اور عوام کو ریلیف فراہم کرنے کیلئے اقدامات کیے جا رہے ہیں جبکہ مختلف شہروں میں ترقیاتی منصوبوں پر کام تیزی سے جاری ہے اور متعلقہ حکام کو ہدایت کی گئی ہے کہ وہ بروقت منصوبے مکمل کریں عدالت نے فریقین کو نوٹس جاری کرتے ہوئے سماعت ملتوی کر دی

اسلام آباد حکومت نے کہا ہے کہ ملک میں امن و امان کی صورتحال بہتر بنانے کیلئے تمام ادارے مل کر کام کر رہے ہیں

16
ریلوے

اسلام آباد حکومت نے کہا ہے کہ ملک میں امن و امان کی صورتحال بہتر بنانے کیلئے تمام ادارے مل کر کام کر رہے ہیں اور عوام کو ریلیف فراہم کرنے کیلئے اقدامات کیے جا رہے ہیں جبکہ مختلف شہروں میں ترقیاتی منصوبوں پر کام تیزی سے جاری ہے اور متعلقہ حکام کو ہدایت کی گئی ہے کہ وہ بروقت منصوبے مکمل کریں عدالت نے فریقین کو نوٹس جاری کرتے ہوئے سماعت ملتوی کر دی

اسلام آباد حکومت نے کہا ہے کہ ملک میں امن و امان کی صورتحال بہتر بنانے کیلئے تمام ادارے مل کر کام کر رہے ہیں اور عوام کو ریلیف فراہم کرنے کیلئے اقدامات کیے جا رہے ہیں جبکہ مختلف شہروں میں ترقیاتی منصوبوں پر کام تیزی سے جاری ہے اور متعلقہ حکام کو ہدایت کی گئی ہے کہ وہ بروقت منصوبے مکمل کریں عدالت نے فریقین کو نوٹس جاری کرتے ہوئے سماعت ملتوی کر دی

اسلام آباد حکومت نے کہا ہے کہ ملک میں امن و امان کی صورتحال بہتر بنانے کیلئے تمام ادارے مل کر کام کر رہے ہیں اور عوام کو ریلیف فراہم کرنے کیلئے اقدامات کیے جا رہے ہیں جبکہ مختلف شہروں میں ترقیاتی منصوبوں پر کام تیزی سے جاری ہے اور متعلقہ حکام کو ہدایت کی گئی ہے کہ وہ بروقت منصوبے مکمل کریں عدالت نے فریقین کو نوٹس جاری کرتے ہوئے سماعت ملتوی کر دی

اسلام آباد حکومت نے کہا ہے کہ ملک میں امن و امان کی صورتحال بہتر بنانے کیلئے تمام ادارے مل کر کام کر رہے ہیں اور عوام کو ریلیف فراہم کرنے کیلئے اقدامات کیے جا رہے ہیں جبکہ مختلف شہروں میں ترقیاتی منصوبوں پر کام تیزی سے جاری ہے اور متعلقہ حکام کو ہدایت کی گئی ہے کہ وہ بروقت منصوبے مکمل کریں عدالت نے فریقین کو نوٹس جاری کرتے ہوئے سماعت ملتوی کر دی

اسلام آباد حکومت نے کہا ہے کہ ملک میں امن و امان کی صورتحال بہتر بنانے کیلئے تمام ادارے مل کر کام کر رہے ہیں اور عوام کو ریلیف فراہم کرنے کیلئے اقدامات کیے جا رہے ہیں جبکہ مختلف شہروں میں ترقیاتی منصوبوں پر کام تیزی سے جاری ہے اور متعلقہ حکام کو ہدایت کی گئی ہے کہ وہ بروقت منصوبے مکمل کریں عدالت نے فریقین کو نوٹس جاری کرتے ہوئے سماعت ملتوی کر دی

اسلام آباد حکومت نے کہا ہے کہ ملک میں امن و امان کی صورتحال بہتر بنانے کیلئے تمام ادارے مل کر کام کر رہے ہیں اور عوام کو ریلیف فراہم کرنے کیلئے اقدامات کیے جا رہے ہیں جبکہ مختلف شہروں میں ترقیاتی منصوبوں پر کام تیزی سے جاری ہے اور متعلقہ حکام کو ہدایت کی گئی ہے کہ وہ بروقت منصوبے مکمل کریں عدالت نے فریقین کو نوٹس جاری کرتے ہوئے سماعت ملتوی کر دی

17
صحت

اسلام آباد حکومت نے کہا ہے کہ ملک میں امن و امان کی صورتحال بہتر بنانے کیلئے تمام ادارے مل کر کام کر رہے ہیں اور عوام کو ریلیف فراہم کرنے کیلئے اقدامات کیے جا رہے ہیں جبکہ مختلف شہروں میں ترقیاتی منصوبوں پر کام تیزی سے جاری ہے اور متعلقہ حکام کو ہدایت کی گئی ہے کہ وہ بروقت منصوبے مکمل کریں عدالت نے فریقین کو نوٹس جاری کرتے ہوئے سماعت ملتوی کر دی

اسلام آباد حکومت نے کہا ہے کہ ملک میں امن و امان کی صورتحال بہتر بنانے کیلئے تمام ادارے مل کر کام کر رہے ہیں اور عوام کو ریلیف فراہم کرنے کیلئے اقدامات کیے جا رہے ہیں جبکہ مختلف شہروں میں ترقیاتی منصوبوں پر کام تیزی سے جاری ہے اور متعلقہ حکام کو ہدایت کی گئی ہے کہ وہ بروقت منصوبے مکمل کریں عدالت نے فریقین کو نوٹس جاری کرتے ہوئے سماعت ملتوی کر دی

اسلام آباد حکومت نے کہا ہے کہ ملک میں امن و امان کی صورتحال بہتر بنانے کیلئے تمام ادارے مل کر کام کر رہے ہیں اور عوام کو ریلیف فراہم کرنے کیلئے اقدامات کیے جا رہے ہیں جبکہ مختلف شہروں میں ترقیاتی منصوبوں پر کام تیزی سے جاری ہے اور متعلقہ حکام کو ہدایت کی گئی ہے کہ وہ بروقت منصوبے مکمل کریں عدالت نے فریقین کو نوٹس جاری کرتے ہوئے سماعت ملتوی کر دی

اسلام آباد حکومت نے کہا ہے کہ ملک میں امن و امان کی صورتحال بہتر بنانے کیلئے تمام ادارے مل کر کام کر رہے ہیں اور عوام کو ریلیف فراہم کرنے کیلئے اقدامات کیے جا رہے ہیں جبکہ مختلف شہروں میں ترقیاتی منصوبوں پر کام تیزی سے جاری ہے اور متعلقہ حکام کو ہدایت کی گئی ہے کہ وہ بروقت منصوبے مکمل کریں عدالت نے فریقین کو نوٹس جاری کرتے ہوئے سماعت ملتوی کر دی

اسلام آباد حکومت نے کہا ہے کہ ملک میں امن و امان کی صورتحال بہتر بنانے کیلئے تمام ادارے مل کر کام کر رہے ہیں اور عوام کو ریلیف فراہم کرنے کیلئے اقدامات کیے جا رہے ہیں جبکہ مختلف شہروں میں ترقیاتی منصوبوں پر کام تیزی سے جاری ہے اور متعلقہ حکام کو ہدایت کی گئی ہے کہ وہ بروقت منصوبے مکمل کریں عدالت نے فریقین کو نوٹس جاری کرتے ہوئے سماعت ملتوی کر دی

اسلام آباد حکومت نے کہا ہے کہ ملک میں امن و امان کی صورتحال بہتر بنانے کیلئے تمام ادارے مل کر کام کر رہے ہیں اور عوام کو ریلیف فراہم کرنے کیلئے اقدامات کیے جا رہے ہیں جبکہ مختلف شہروں میں ترقیاتی منصوبوں پر کام تیزی سے جاری ہے اور متعلقہ حکام کو ہدایت کی گئی ہے کہ وہ بروقت منصوبے مکمل کریں عدالت نے فریقین کو نوٹس جاری کرتے ہوئے سماعت ملتوی کر دی

18
قومی اسمبلی

اسلام آباد حکومت نے کہا ہے کہ ملک میں امن و امان کی صورتحال بہتر بنانے کیلئے تمام ادارے مل کر کام کر رہے ہیں اور عوام کو ریلیف فراہم کرنے کیلئے اقدامات کیے جا رہے ہیں جبکہ مختلف شہروں میں ترقیاتی منصوبوں پر کام تیزی سے جاری ہے اور متعلقہ حکام کو ہدایت کی گئی ہے کہ وہ بروقت منصوبے مکمل کریں عدالت نے فریقین کو نوٹس جاری کرتے ہوئے سماعت ملتوی کر دی

اسلام آباد حکومت نے کہا ہے کہ ملک میں امن و امان کی صورتحال بہتر بنانے کیلئے تمام ادارے مل کر کام کر رہے ہیں اور عوام کو ریلیف فراہم کرنے کیلئے اقدامات کیے جا رہے ہیں جبکہ مختلف شہروں میں ترقیاتی منصوبوں پر کام تیزی سے جاری ہے اور متعلقہ حکام کو ہدایت کی گئی ہے کہ وہ بروقت منصوبے مکمل کریں عدالت نے فریقین کو نوٹس جاری کرتے ہوئے سماعت ملتوی کر دی

اسلام آباد حکومت نے کہا ہے کہ ملک میں امن و امان کی صورتحال بہتر بنانے کیلئے تمام ادارے مل کر کام کر رہے ہیں اور عوام کو ریلیف فراہم کرنے کیلئے اقدامات کیے جا رہے ہیں جبکہ مختلف شہروں میں ترقیاتی منصوبوں پر کام تیزی سے جاری ہے اور متعلقہ حکام کو ہدایت کی گئی ہے کہ وہ بروقت منصوبے مکمل کریں عدالت نے فریقین کو نوٹس جاری کرتے ہوئے سماعت ملتوی کر دی

اسلام آباد حکومت نے کہا ہے کہ ملک میں امن و امان کی صورتحال بہتر بنانے کیلئے تمام ادارے مل کر کام کر رہے ہیں اور عوام کو ریلیف فراہم کرنے کیلئے اقدامات کیے جا رہے ہیں جبکہ مختلف شہروں میں ترقیاتی منصوبوں پر کام تیزی سے جاری ہے اور متعلقہ حکام کو ہدایت کی گئی ہے کہ وہ بروقت منصوبے مکمل کریں عدالت نے فریقین کو نوٹس جاری کرتے ہوئے سماعت ملتوی کر دی

اسلام آباد حکومت نے کہا ہے کہ ملک میں امن و امان کی صورتحال بہتر بنانے کیلئے تمام ادارے مل کر کام کر رہے ہیں اور عوام کو ریلیف فراہم کرنے کیلئے اقدامات کیے جا رہے ہیں جبکہ مختلف شہروں میں ترقیاتی منصوبوں پر کام تیزی سے جاری ہے اور متعلقہ حکام کو ہدایت کی گئی ہے کہ وہ بروقت منصوبے مکمل کریں عدالت نے فریقین کو نوٹس جاری کرتے ہوئے سماعت ملتوی کر دی

اسلام آباد حکومت نے کہا ہے کہ ملک میں امن و امان کی صورتحال بہتر بنانے کیلئے تمام ادارے مل کر کام کر رہے ہیں اور عوام کو ریلیف فراہم کرنے کیلئے اقدامات کیے جا رہے ہیں جبکہ مختلف شہروں میں ترقیاتی منصوبوں پر کام تیزی سے جاری ہے اور متعلقہ حکام کو ہدایت کی گئی ہے کہ وہ بروقت منصوبے مکمل کریں عدالت نے فریقین کو نوٹس جاری کرتے ہوئے سماعت ملتوی کر دی

11
عدالتی کارروائی

اسلام آباد حکومت نے کہا ہے کہ ملک میں امن و امان کی صورتحال بہتر بنانے کیلئے تمام ادارے مل کر کام کر رہے ہیں اور عوام کو ریلیف فراہم کرنے کیلئے اقدامات کیے جا رہے ہیں جبکہ مختلف شہروں میں ترقیاتی منصوبوں پر کام تیزی سے جاری ہے اور متعلقہ حکام کو ہدایت کی گئی ہے کہ وہ بروقت منصوبے مکمل کریں عدالت نے فریقین کو نوٹس جاری کرتے ہوئے سماعت ملتوی کر دی

اسلام آباد حکومت نے کہا ہے کہ ملک میں امن و امان کی صورتحال بہتر بنانے کیلئے تمام ادارے مل کر کام کر رہے ہیں اور عوام کو ریلیف فراہم کرنے کیلئے اقدامات کیے جا رہے ہیں جبکہ مختلف شہروں میں ترقیاتی منصوبوں پر کام تیزی سے جاری ہے اور متعلقہ حکام کو ہدایت کی گئی ہے کہ وہ بروقت منصوبے مکمل کریں عدالت نے فریقین کو نوٹس جاری کرتے ہوئے سماعت ملتوی کر دی

اسلام آباد حکومت نے کہا ہے کہ ملک میں امن و امان کی صورتحال بہتر بنانے کیلئے تمام ادارے مل کر کام کر رہے ہیں اور عوام کو ریلیف فراہم کرنے کیلئے اقدامات کیے جا رہے ہیں جبکہ مختلف شہروں میں ترقیاتی منصوبوں پر کام تیزی سے جاری ہے اور متعلقہ حکام کو ہدایت کی گئی ہے کہ وہ بروقت منصوبے مکمل کریں عدالت نے فریقین کو نوٹس جاری کرتے ہوئے سماعت ملتوی کر دی

اسلام آباد حکومت نے کہا ہے کہ ملک میں امن و امان کی صورتحال بہتر بنانے کیلئے تمام ادارے مل کر کام کر رہے ہیں اور عوام کو ریلیف فراہم کرنے کیلئے اقدامات کیے جا رہے ہیں جبکہ مختلف شہروں میں ترقیاتی منصوبوں پر کام تیزی سے جاری ہے اور متعلقہ حکام کو ہدایت کی گئی ہے کہ وہ بروقت منصوبے مکمل کریں عدالت نے فریقین کو نوٹس جاری کرتے ہوئے سماعت ملتوی کر دی

اسلام آباد حکومت نے کہا ہے کہ ملک میں امن و امان کی صورتحال بہتر بنانے کیلئے تمام ادارے مل کر کام کر رہے ہیں اور عوام کو ریلیف فراہم کرنے کیلئے اقدامات کیے جا رہے ہیں جبکہ مختلف شہروں میں ترقیاتی منصوبوں پر کام تیزی سے جاری ہے اور متعلقہ حکام کو ہدایت کی گئی ہے کہ وہ بروقت منصوبے مکمل کریں عدالت نے فریقین کو نوٹس جاری کرتے ہوئے سماعت ملتوی کر دی

اسلام آباد حکومت نے کہا ہے کہ ملک میں امن و امان کی صورتحال بہتر بنانے کیلئے تمام ادارے مل کر کام کر رہے ہیں اور عوام کو ریلیف فراہم کرنے کیلئے اقدامات کیے جا رہے ہیں جبکہ مختلف شہروں میں ترقیاتی منصوبوں پر کام تیزی سے جاری ہے اور متعلقہ حکام کو ہدایت کی گئی ہے کہ وہ بروقت منصوبے مکمل کریں عدالت نے فریقین کو نوٹس جاری کرتے ہوئے سماعت ملتوی کر دی

12
وفاقی وزیر

اسلام آباد حکومت نے کہا ہے کہ ملک میں امن و امان کی صورتحال بہتر بنانے کیلئے تمام ادارے مل کر کام کر رہے ہیں اور عوام کو ریلیف فراہم کرنے کیلئے اقدامات کیے جا رہے ہیں جبکہ مختلف شہروں میں ترقیاتی منصوبوں پر کام تیزی سے جاری ہے اور متعلقہ حکام کو ہدایت کی گئی ہے کہ وہ بروقت منصوبے مکمل کریں عدالت نے فریقین کو نوٹس جاری کرتے ہوئے سماعت ملتوی کر دی

اسلام آباد حکومت نے کہا ہے کہ ملک میں امن و امان کی صورتحال بہتر بنانے کیلئے تمام ادارے مل کر کام کر رہے ہیں اور عوام کو ریلیف فراہم کرنے کیلئے اقدامات کیے جا رہے ہیں جبکہ مختلف شہروں میں ترقیاتی منصوبوں پر کام تیزی سے جاری ہے اور متعلقہ حکام کو ہدایت کی گئی ہے کہ وہ بروقت منصوبے مکمل کریں عدالت نے فریقین کو نوٹس جاری کرتے ہوئے سماعت ملتوی کر دی

اسلام آباد حکومت نے کہا ہے کہ ملک میں امن و امان کی صورتحال بہتر بنانے کیلئے تمام ادارے مل کر کام کر رہے ہیں اور عوام کو ریلیف فراہم کرنے کیلئے اقدامات کیے جا رہے ہیں جبکہ مختلف شہروں میں ترقیاتی منصوبوں پر کام تیزی سے جاری ہے اور متعلقہ حکام کو ہدایت کی گئی ہے کہ وہ بروقت منصوبے مکمل کریں عدالت نے فریقین کو نوٹس جاری کرتے ہوئے سماعت ملتوی کر دی

اسلام آباد حکومت نے کہا ہے کہ ملک میں امن و امان کی صورتحال بہتر بنانے کیلئے تمام ادارے مل کر کام کر رہے ہیں اور عوام کو ریلیف فراہم کرنے کیلئے اقدامات کیے جا رہے ہیں جبکہ مختلف شہروں میں ترقیاتی منصوبوں پر کام تیزی سے جاری ہے اور متعلقہ حکام کو ہدایت کی گئی ہے کہ وہ بروقت منصوبے مکمل کریں عدالت نے فریقین کو نوٹس جاری کرتے ہوئے سماعت ملتوی کر دی

اسلام آباد حکومت نے کہا ہے کہ ملک میں امن و امان کی صورتحال بہتر بنانے کیلئے تمام ادارے مل کر کام کر رہے ہیں اور عوام کو ریلیف فراہم کرنے کیلئے اقدامات کیے جا رہے ہیں جبکہ مختلف شہروں میں ترقیاتی منصوبوں پر کام تیزی سے جاری ہے اور متعلقہ حکام کو ہدایت کی گئی ہے کہ وہ بروقت منصوبے مکمل کریں عدالت نے فریقین کو نوٹس جاری کرتے ہوئے سماعت ملتوی کر دی

اسلام آباد حکومت نے کہا ہے کہ ملک میں امن و امان کی صورتحال بہتر بنانے کیلئے تمام ادارے مل کر کام کر رہے ہیں اور عوام کو ریلیف فراہم کرنے کیلئے اقدامات کیے جا رہے ہیں جبکہ مختلف شہروں میں ترقیاتی منصوبوں پر کام تیزی سے جاری ہے اور متعلقہ حکام کو ہدایت کی گئی ہے کہ وہ بروقت منصوبے مکمل کریں عدالت نے فریقین کو نوٹس جاری کرتے ہوئے سماعت ملتوی کر دی

13
پولیس

اسلام آباد حکومت نے کہا ہے کہ ملک میں امن و امان کی صورتحال بہتر بنانے کیلئے تمام ادارے مل کر کام کر رہے ہیں اور عوام کو ریلیف فراہم کرنے کیلئے اقدامات کیے جا رہے ہیں جبکہ مختلف شہروں میں ترقیاتی منصوبوں پر کام تیزی سے جاری ہے اور متعلقہ حکام کو ہدایت کی گئی ہے کہ وہ بروقت منصوبے مکمل کریں عدالت نے فریقین کو نوٹس جاری کرتے ہوئے سماعت ملتوی کر دی

اسلام آباد حکومت نے کہا ہے کہ ملک میں امن و امان کی صورتحال بہتر بنانے کیلئے تمام ادارے مل کر کام کر رہے ہیں اور عوام کو ریلیف فراہم کرنے کیلئے اقدامات کیے جا رہے ہیں جبکہ مختلف شہروں میں ترقیاتی منصوبوں پر کام تیزی سے جاری ہے اور متعلقہ حکام کو ہدایت کی گئی ہے کہ وہ بروقت منصوبے مکمل کریں عدالت نے فریقین کو نوٹس جاری کرتے ہوئے سماعت ملتوی کر دی

اسلام آباد حکومت نے کہا ہے کہ ملک میں امن و امان کی صورتحال بہتر بنانے کیلئے تمام ادارے مل کر کام کر رہے ہیں اور عوام کو ریلیف فراہم کرنے کیلئے اقدامات کیے جا رہے ہیں جبکہ مختلف شہروں میں ترقیاتی منصوبوں پر کام تیزی سے جاری ہے اور متعلقہ حکام کو ہدایت کی گئی ہے کہ وہ بروقت منصوبے مکمل کریں عدالت نے فریقین کو نوٹس جاری کرتے ہوئے سماعت ملتوی کر دی

اسلام آباد حکومت نے کہا ہے کہ ملک میں امن و امان کی صورتحال بہتر بنانے کیلئے تمام ادارے مل کر کام کر رہے ہیں اور عوام کو ریلیف فراہم کرنے کیلئے اقدامات کیے جا رہے ہیں جبکہ مختلف شہروں میں ترقیاتی منصوبوں پر کام تیزی سے جاری ہے اور متعلقہ حکام کو ہدایت کی گئی ہے کہ وہ بروقت منصوبے مکمل کریں عدالت نے فریقین کو نوٹس جاری کرتے ہوئے سماعت ملتوی کر دی

اسلام آباد حکومت نے کہا ہے کہ ملک میں امن و امان کی صورتحال بہتر بنانے کیلئے تمام ادارے مل کر کام کر رہے ہیں اور عوام کو ریلیف فراہم کرنے کیلئے اقدامات کیے جا رہے ہیں جبکہ مختلف شہروں میں ترقیاتی منصوبوں پر کام تیزی سے جاری ہے اور متعلقہ حکام کو ہدایت کی گئی ہے کہ وہ بروقت منصوبے مکمل کریں عدالت نے فریقین کو نوٹس جاری کرتے ہوئے سماعت ملتوی کر دی

اسلام آباد حکومت نے کہا ہے کہ ملک میں امن و امان کی صورتحال بہتر بنانے کیلئے تمام ادارے مل کر کام کر رہے ہیں اور عوام کو ریلیف فراہم کرنے کیلئے اقدامات کیے جا رہے ہیں جبکہ مختلف شہروں میں ترقیاتی منصوبوں پر کام تیزی سے جاری ہے اور متعلقہ حکام کو ہدایت کی گئی ہے کہ وہ بروقت منصوبے مکمل کریں عدالت نے فریقین کو نوٹس جاری کرتے ہوئے سماعت ملتوی کر دی

14
کراچی

اسلام آباد حکومت نے کہا ہے کہ ملک میں امن و امان کی صورتحال بہتر بنانے کیلئے تمام ادارے مل کر کام کر رہے ہیں اور عوام کو ریلیف فراہم کرنے کیلئے اقدامات کیے جا رہے ہیں جبکہ مختلف شہروں میں ترقیاتی منصوبوں پر کام تیزی سے جاری ہے اور متعلقہ حکام کو ہدایت کی گئی ہے کہ وہ بروقت منصوبے مکمل کریں عدالت نے فریقین کو نوٹس جاری کرتے ہوئے سماعت ملتوی کر دی

اسلام آباد حکومت نے کہا ہے کہ ملک میں امن و امان کی صورتحال بہتر بنانے کیلئے تمام ادارے مل کر کام کر رہے ہیں اور عوام کو ریلیف فراہم کرنے کیلئے اقدامات کیے جا رہے ہیں جبکہ مختلف شہروں میں ترقیاتی منصوبوں پر کام تیزی سے جاری ہے اور متعلقہ حکام کو ہدایت کی گئی ہے کہ وہ بروقت منصوبے مکمل کریں عدالت نے فریقین کو نوٹس جاری کرتے ہوئے سماعت ملتوی کر دی

اسلام آباد حکومت نے کہا ہے کہ ملک میں امن و امان کی صورتحال بہتر بنانے کیلئے تمام ادارے مل کر کام کر رہے ہیں اور عوام کو ریلیف فراہم کرنے کیلئے اقدامات کیے جا رہے ہیں جبکہ مختلف شہروں میں ترقیاتی منصوبوں پر کام تیزی سے جاری ہے اور متعلقہ حکام کو ہدایت کی گئی ہے کہ وہ بروقت منصوبے مکمل کریں عدالت نے فریقین کو نوٹس جاری کرتے ہوئے سماعت ملتوی کر دی

اسلام آباد حکومت نے کہا ہے کہ ملک میں امن و امان کی صورتحال بہتر بنانے کیلئے تمام ادارے مل کر کام کر رہے ہیں اور عوام کو ریلیف فراہم کرنے کیلئے اقدامات کیے جا رہے ہیں جبکہ مختلف شہروں میں ترقیاتی منصوبوں پر کام تیزی سے جاری ہے اور متعلقہ حکام کو ہدایت کی گئی ہے کہ وہ بروقت منصوبے مکمل کریں عدالت نے فریقین کو نوٹس جاری کرتے ہوئے سماعت ملتوی کر دی

اسلام آباد حکومت نے کہا ہے کہ ملک میں امن و امان کی صورتحال بہتر بنانے کیلئے تمام ادارے مل کر کام کر رہے ہیں اور عوام کو ریلیف فراہم کرنے کیلئے اقدامات کیے جا رہے ہیں جبکہ مختلف شہروں میں ترقیاتی منصوبوں پر کام تیزی سے جاری ہے اور متعلقہ حکام کو ہدایت کی گئی ہے کہ وہ بروقت منصوبے مکمل کریں عدالت نے فریقین کو نوٹس جاری کرتے ہوئے سماعت ملتوی کر دی

اسلام آباد حکومت نے کہا ہے کہ ملک میں امن و امان کی صورتحال بہتر بنانے کیلئے تمام ادارے مل کر کام کر رہے ہیں اور عوام کو ریلیف فراہم کرنے کیلئے اقدامات کیے جا رہے ہیں جبکہ مختلف شہروں میں ترقیاتی منصوبوں پر کام تیزی سے جاری ہے اور متعلقہ حکام کو ہدایت کی گئی ہے کہ وہ بروقت منصوبے مکمل کریں عدالت نے فریقین کو نوٹس جاری کرتے ہوئے سماعت ملتوی کر دی

15
تجارتی خسارہ

اسلام آباد حکومت نے کہا ہے کہ ملک میں امن و امان کی صورتحال بہتر بنانے کیلئے تمام ادارے مل کر کام کر رہے ہیں اور عوام کو ریلیف فراہم کرنے کیلئے اقدامات کیے جا رہے ہیں جبکہ مختلف شہروں میں ترقیاتی منصوبوں پر کام تیزی سے جاری ہے اور متعلقہ حکام کو ہدایت کی گئی ہے کہ وہ بروقت منصوبے مکمل کریں عدالت نے فریقین کو نوٹس جاری کرتے ہوئے سماعت ملتوی کر دی

اسلام آباد حکومت نے کہا ہے کہ ملک میں امن و امان کی صورتحال بہتر بنانے کیلئے تمام ادارے مل کر کام کر رہے ہیں اور عوام کو ریلیف فراہم کرنے کیلئے اقدامات کیے جا رہے ہیں جبکہ مختلف شہروں میں ترقیاتی منصوبوں پر کام تیزی سے جاری ہے اور متعلقہ حکام کو ہدایت کی گئی ہے کہ وہ بروقت منصوبے مکمل کریں عدالت نے فریقین کو نوٹس جاری کرتے ہوئے سماعت ملتوی کر دی

اسلام آباد حکومت نے کہا ہے کہ ملک میں امن و امان کی صورتحال بہتر بنانے کیلئے تمام ادارے مل کر کام کر رہے ہیں اور عوام کو ریلیف فراہم کرنے کیلئے اقدامات کیے جا رہے ہیں جبکہ مختلف شہروں میں ترقیاتی منصوبوں پر کام تیزی سے جاری ہے اور متعلقہ حکام کو ہدایت کی گئی ہے کہ وہ بروقت منصوبے مکمل کریں عدالت نے فریقین کو نوٹس جاری کرتے ہوئے سماعت ملتوی کر دی

اسلام آباد حکومت نے کہا ہے کہ ملک میں امن و امان کی صورتحال بہتر بنانے کیلئے تمام ادارے مل کر کام کر رہے ہیں اور عوام کو ریلیف فراہم کرنے کیلئے اقدامات کیے جا رہے ہیں جبکہ مختلف شہروں میں ترقیاتی منصوبوں پر کام تیزی سے جاری ہے اور متعلقہ حکام کو ہدایت کی گئی ہے کہ وہ بروقت منصوبے مکمل کریں عدالت نے فریقین کو نوٹس جاری کرتے ہوئے سماعت ملتوی کر دی

اسلام آباد حکومت نے کہا ہے کہ ملک میں امن و امان کی صورتحال بہتر بنانے کیلئے تمام ادارے مل کر کام کر رہے ہیں اور عوام کو ریلیف فراہم کرنے کیلئے اقدامات کیے جا رہے ہیں جبکہ مختلف شہروں میں ترقیاتی منصوبوں پر کام تیزی سے جاری ہے اور متعلقہ حکام کو ہدایت کی گئی ہے کہ وہ بروقت منصوبے مکمل کریں عدالت نے فریقین کو نوٹس جاری کرتے ہوئے سماعت ملتوی کر دی

اسلام آباد حکومت نے کہا ہے کہ ملک میں امن و امان کی صورتحال بہتر بنانے کیلئے تمام ادارے مل کر کام کر رہے ہیں اور عوام کو ریلیف فراہم کرنے کیلئے اقدامات کیے جا رہے ہیں جبکہ مختلف شہروں میں ترقیاتی منصوبوں پر کام تیزی سے جاری ہے اور متعلقہ حکام کو ہدایت کی گئی ہے کہ وہ بروقت منصوبے مکمل کریں عدالت نے فریقین کو نوٹس جاری کرتے ہوئے سماعت ملتوی کر دی

3
طالبان حکومت

اسلام آباد حکومت نے کہا ہے کہ ملک میں امن و امان کی صورتحال بہتر بنانے کیلئے تمام ادارے مل کر کام کر رہے ہیں اور عوام کو ریلیف فراہم کرنے کیلئے اقدامات کیے جا رہے ہیں جبکہ مختلف شہروں میں ترقیاتی منصوبوں پر کام تیزی سے جاری ہے اور متعلقہ حکام کو ہدایت کی گئی ہے کہ وہ بروقت منصوبے مکمل کریں عدالت نے فریقین کو نوٹس جاری کرتے ہوئے سماعت ملتوی کر دی

اسلام آباد حکومت نے کہا ہے کہ ملک میں امن و امان کی صورتحال بہتر بنانے کیلئے تمام ادارے مل کر کام کر رہے ہیں اور عوام کو ریلیف فراہم کرنے کیلئے اقدامات کیے جا رہے ہیں جبکہ مختلف شہروں میں ترقیاتی منصوبوں پر کام تیزی سے جاری ہے اور متعلقہ حکام کو ہدایت کی گئی ہے کہ وہ بروقت منصوبے مکمل کریں عدالت نے فریقین کو نوٹس جاری کرتے ہوئے سماعت ملتوی کر دی

اسلام آباد حکومت نے کہا ہے کہ ملک میں امن و امان کی صورتحال بہتر بنانے کیلئے تمام ادارے مل کر کام کر رہے ہیں اور عوام کو ریلیف فراہم کرنے کیلئے اقدامات کیے جا رہے ہیں جبکہ مختلف شہروں میں ترقیاتی منصوبوں پر کام تیزی سے جاری ہے اور متعلقہ حکام کو ہدایت کی گئی ہے کہ وہ بروقت منصوبے مکمل کریں عدالت نے فریقین کو نوٹس جاری کرتے ہوئے سماعت ملتوی کر دی

اسلام آباد حکومت نے کہا ہے کہ ملک میں امن و امان کی صورتحال بہتر بنانے کیلئے تمام ادارے مل کر کام کر رہے ہیں اور عوام کو ریلیف فراہم کرنے کیلئے اقدامات کیے جا رہے ہیں جبکہ مختلف شہروں میں ترقیاتی منصوبوں پر کام تیزی سے جاری ہے اور متعلقہ حکام کو ہدایت کی گئی

4
پاک افغان تعلقات

اسلام آباد حکومت نے کہا ہے کہ ملک میں امن و امان کی صورتحال بہتر بنانے کیلئے تمام ادارے مل کر کام کر رہے ہیں اور عوام کو ریلیف فراہم کرنے کیلئے اقدامات کیے جا رہے ہیں جبکہ مختلف شہروں میں ترقیاتی منصوبوں پر کام تیزی سے جاری ہے اور متعلقہ حکام کو ہدایت کی گئی ہے کہ وہ بروقت منصوبے مکمل کریں عدالت نے فریقین کو نوٹس جاری کرتے ہوئے سماعت ملتوی کر دی

اسلام آباد حکومت نے کہا ہے کہ ملک میں امن و امان کی صورتحال بہتر بنانے کیلئے تمام ادارے مل کر کام کر رہے ہیں اور عوام کو ریلیف فراہم کرنے کیلئے اقدامات کیے جا رہے ہیں جبکہ مختلف شہروں میں ترقیاتی منصوبوں پر کام تیزی سے جاری ہے اور متعلقہ حکام کو ہدایت کی گئی ہے کہ وہ بروقت منصوبے مکمل کریں عدالت نے فریقین کو نوٹس جاری کرتے ہوئے سماعت ملتوی کر دی

اسلام آباد حکومت نے کہا ہے کہ ملک میں امن و امان کی صورتحال بہتر بنانے کیلئے تمام ادارے مل کر کام کر رہے ہیں اور عوام کو ریلیف فراہم کرنے کیلئے اقدامات کیے جا رہے ہیں جبکہ مختلف شہروں میں ترقیاتی منصوبوں پر کام تیزی سے جاری ہے اور متعلقہ حکام کو ہدایت کی گئی ہے کہ وہ بروقت منصوبے مکمل کریں عدالت نے فریقین کو نوٹس جاری کرتے ہوئے سماعت ملتوی کر دی

اسلام آباد حکومت نے کہا ہے کہ ملک میں امن و امان کی صورتحال بہتر بنانے کیلئے تمام ادارے مل کر کام کر رہے ہیں اور عوام کو ریلیف فراہم کرنے کیلئے اقدامات کیے جا رہے ہیں جبکہ مختلف شہروں میں ترقیاتی منصوبوں پر کام تیزی سے جاری ہے اور متعلقہ حکام کو ہدایت کی گئی

5
تعلیمی ادارے

اسلام آباد حکومت نے کہا ہے کہ ملک میں امن و امان کی صورتحال بہتر بنانے کیلئے تمام ادارے مل کر کام کر رہے ہیں اور عوام کو ریلیف فراہم کرنے کیلئے اقدامات کیے جا رہے ہیں جبکہ مختلف شہروں میں ترقیاتی منصوبوں پر کام تیزی سے جاری ہے اور متعلقہ حکام کو ہدایت کی گئی ہے کہ وہ بروقت منصوبے مکمل کریں عدالت نے فریقین کو نوٹس جاری کرتے ہوئے سماعت ملتوی کر دی

اسلام آباد حکومت نے کہا ہے کہ ملک میں امن و امان کی صورتحال بہتر بنانے کیلئے تمام ادارے مل کر کام کر رہے ہیں اور عوام کو ریلیف فراہم کرنے کیلئے اقدامات کیے جا رہے ہیں جبکہ مختلف شہروں میں ترقیاتی منصوبوں پر کام تیزی سے جاری ہے اور متعلقہ حکام کو ہدایت کی گئی ہے کہ وہ بروقت منصوبے مکمل کریں عدالت نے فریقین کو نوٹس جاری کرتے ہوئے سماعت ملتوی کر دی

اسلام آباد حکومت نے کہا ہے کہ ملک میں امن و امان کی صورتحال بہتر بنانے کیلئے تمام ادارے مل کر کام کر رہے ہیں اور عوام کو ریلیف فراہم کرنے کیلئے اقدامات کیے جا رہے ہیں جبکہ مختلف شہروں میں ترقیاتی منصوبوں پر کام تیزی سے جاری ہے اور متعلقہ حکام کو ہدایت کی گئی ہے کہ وہ بروقت منصوبے مکمل کریں عدالت نے فریقین کو نوٹس جاری کرتے ہوئے سماعت ملتوی کر دی

اسلام آباد حکومت نے کہا ہے کہ ملک میں امن و امان کی صورتحال بہتر بنانے کیلئے تمام ادارے مل کر کام کر رہے ہیں اور عوام کو ریلیف فراہم کرنے کیلئے اقدامات کیے جا رہے ہیں جبکہ مختلف شہروں میں ترقیاتی منصوبوں پر کام تیزی سے جاری ہے اور متعلقہ حکام کو ہدایت کی گئی

6
اسلام آباد

اسلام آباد حکومت نے کہا ہے کہ ملک میں امن و امان کی صورتحال بہتر بنانے کیلئے تمام ادارے مل کر کام کر رہے ہیں اور عوام کو ریلیف فراہم کرنے کیلئے اقدامات کیے جا رہے ہیں جبکہ مختلف شہروں میں ترقیاتی منصوبوں پر کام تیزی سے جاری ہے اور متعلقہ حکام کو ہدایت کی گئی ہے کہ وہ بروقت منصوبے مکمل کریں عدالت نے فریقین کو نوٹس جاری کرتے ہوئے سماعت ملتوی کر دی

اسلام آباد حکومت نے کہا ہے کہ ملک میں امن و امان کی صورتحال بہتر بنانے کیلئے تمام ادارے مل کر کام کر رہے ہیں اور عوام کو ریلیف فراہم کرنے کیلئے اقدامات کیے جا رہے ہیں جبکہ مختلف شہروں میں ترقیاتی منصوبوں پر کام تیزی سے جاری ہے اور متعلقہ حکام کو ہدایت کی گئی ہے کہ وہ بروقت منصوبے مکمل کریں عدالت نے فریقین کو نوٹس جاری کرتے ہوئے سماعت ملتوی کر دی

اسلام آباد حکومت نے کہا ہے کہ ملک میں امن و امان کی صورتحال بہتر بنانے کیلئے تمام ادارے مل کر کام کر رہے ہیں اور عوام کو ریلیف فراہم کرنے کیلئے اقدامات کیے جا رہے ہیں جبکہ مختلف شہروں میں ترقیاتی منصوبوں پر کام تیزی سے جاری ہے اور متعلقہ حکام کو ہدایت کی گئی ہے کہ وہ بروقت منصوبے مکمل کریں عدالت نے فریقین کو نوٹس جاری کرتے ہوئے سماعت ملتوی کر دی

اسلام آباد حکومت نے کہا ہے کہ ملک میں امن و امان کی صورتحال بہتر بنانے کیلئے تمام ادارے مل کر کام کر رہے ہیں اور عوام کو ریلیف فراہم کرنے کیلئے اقدامات کیے جا رہے ہیں جبکہ مختلف شہروں میں ترقیاتی منصوبوں پر کام تیزی سے جاری ہے اور متعلقہ حکام کو ہدایت کی گئی

7
نئے منصوبے

اسلام آباد حکومت نے کہا ہے کہ ملک میں امن و امان کی صورتحال بہتر بنانے کیلئے تمام ادارے مل کر کام کر رہے ہیں اور عوام کو ریلیف فراہم کرنے کیلئے اقدامات کیے جا رہے ہیں جبکہ مختلف شہروں میں ترقیاتی منصوبوں پر کام تیزی سے جاری ہے اور متعلقہ حکام کو ہدایت کی گئی ہے کہ وہ بروقت منصوبے مکمل کریں عدالت نے فریقین کو نوٹس جاری کرتے ہوئے سماعت ملتوی کر دی

اسلام آباد حکومت نے کہا ہے کہ ملک میں امن و امان کی صورتحال بہتر بنانے کیلئے تمام ادارے مل کر کام کر رہے ہیں اور عوام کو ریلیف فراہم کرنے کیلئے اقدامات کیے جا رہے ہیں جبکہ مختلف شہروں میں ترقیاتی منصوبوں پر کام تیزی سے جاری ہے اور متعلقہ حکام کو ہدایت کی گئی ہے کہ وہ بروقت منصوبے مکمل کریں عدالت نے فریقین کو نوٹس جاری کرتے ہوئے سماعت ملتوی کر دی

اسلام آباد حکومت نے کہا ہے کہ ملک میں امن و امان کی صورتحال بہتر بنانے کیلئے تمام ادارے مل کر کام کر رہے ہیں اور عوام کو ریلیف فراہم کرنے کیلئے اقدامات کیے جا رہے ہیں جبکہ مختلف شہروں میں ترقیاتی منصوبوں پر کام تیزی سے جاری ہے اور متعلقہ حکام کو ہدایت کی گئی ہے کہ وہ بروقت منصوبے مکمل کریں عدالت نے فریقین کو نوٹس جاری کرتے ہوئے سماعت ملتوی کر دی

اسلام آباد حکومت نے کہا ہے کہ ملک میں امن و امان کی صورتحال بہتر بنانے کیلئے تمام ادارے مل کر کام کر رہے ہیں اور عوام کو ریلیف فراہم کرنے کیلئے اقدامات کیے جا رہے ہیں جبکہ مختلف شہروں میں ترقیاتی منصوبوں پر کام تیزی سے جاری ہے اور متعلقہ حکام کو ہدایت کی گئی

8
طالبان انتظامیہ

اسلام آباد حکومت نے کہا ہے کہ ملک میں امن و امان کی صورتحال بہتر بنانے کیلئے تمام ادارے مل کر کام کر رہے ہیں اور عوام کو ریلیف فراہم کرنے کیلئے اقدامات کیے جا رہے ہیں جبکہ مختلف شہروں میں ترقیاتی منصوبوں پر کام تیزی سے جاری ہے اور متعلقہ حکام کو ہدایت کی گئی ہے کہ وہ بروقت منصوبے مکمل کریں عدالت نے فریقین کو نوٹس جاری کرتے ہوئے سماعت ملتوی کر دی

اسلام آباد حکومت نے کہا ہے کہ ملک میں امن و امان کی صورتحال بہتر بنانے کیلئے تمام ادارے مل کر کام کر رہے ہیں اور عوام کو ریلیف فراہم کرنے کیلئے اقدامات کیے جا رہے ہیں جبکہ مختلف شہروں میں ترقیاتی منصوبوں پر کام تیزی سے جاری ہے اور متعلقہ حکام کو ہدایت کی گئی ہے کہ وہ بروقت منصوبے مکمل کریں عدالت نے فریقین کو نوٹس جاری کرتے ہوئے سماعت ملتوی کر دی

اسلام آباد حکومت نے کہا ہے کہ ملک میں امن و امان کی صورتحال بہتر بنانے کیلئے تمام ادارے مل کر کام کر رہے ہیں اور عوام کو ریلیف فراہم کرنے کیلئے اقدامات کیے جا رہے ہیں جبکہ مختلف شہروں میں ترقیاتی منصوبوں پر کام تیزی سے جاری ہے اور متعلقہ حکام کو ہدایت کی گئی ہے کہ وہ بروقت منصوبے مکمل کریں عدالت نے فریقین کو نوٹس جاری کرتے ہوئے سماعت ملتوی کر دی

اسلام آباد حکومت نے کہا ہے کہ ملک میں امن و امان کی صورتحال بہتر بنانے کیلئے تمام ادارے مل کر کام کر رہے ہیں اور عوام کو ریلیف فراہم کرنے کیلئے اقدامات کیے جا رہے ہیں جبکہ مختلف شہروں میں ترقیاتی منصوبوں پر کام تیزی سے جاری ہے اور متعلقہ حکام کو ہدایت کی گئی

9
بلوچستان

اسلام آباد حکومت نے کہا ہے کہ ملک میں امن و امان کی صورتحال بہتر بنانے کیلئے تمام ادارے مل کر کام کر رہے ہیں اور عوام کو ریلیف فراہم کرنے کیلئے اقدامات کیے جا رہے ہیں جبکہ مختلف شہروں میں ترقیاتی منصوبوں پر کام تیزی سے جاری ہے اور متعلقہ حکام کو ہدایت کی گئی ہے کہ وہ بروقت منصوبے مکمل کریں عدالت نے فریقین کو نوٹس جاری کرتے ہوئے سماعت ملتوی کر دی

اسلام آباد حکومت نے کہا ہے کہ ملک میں امن و امان کی صورتحال بہتر بنانے کیلئے تمام ادارے مل کر کام کر رہے ہیں اور عوام کو ریلیف فراہم کرنے کیلئے اقدامات کیے جا رہے ہیں جبکہ مختلف شہروں میں ترقیاتی منصوبوں پر کام تیزی سے جاری ہے اور متعلقہ حکام کو ہدایت کی گئی ہے کہ وہ بروقت منصوبے مکمل کریں عدالت نے فریقین کو نوٹس جاری کرتے ہوئے سماعت ملتوی کر دی

اسلام آباد حکومت نے کہا ہے کہ ملک میں امن و امان کی صورتحال بہتر بنانے کیلئے تمام ادارے مل کر کام کر رہے ہیں اور عوام کو ریلیف فراہم کرنے کیلئے اقدامات کیے جا رہے ہیں جبکہ مختلف شہروں میں ترقیاتی منصوبوں پر کام تیزی سے جاری ہے اور متعلقہ حکام کو ہدایت کی گئی ہے کہ وہ بروقت منصوبے مکمل کریں عدالت نے فریقین کو نوٹس جاری کرتے ہوئے سماعت ملتوی کر دی

اسلام آباد حکومت نے کہا ہے کہ ملک میں امن و امان کی صورتحال بہتر بنانے کیلئے تمام ادارے مل کر کام کر رہے ہیں اور عوام کو ریلیف فراہم کرنے کیلئے اقدامات کیے جا رہے ہیں جبکہ مختلف شہروں میں ترقیاتی منصوبوں پر کام تیزی سے جاری ہے اور متعلقہ حکام کو ہدایت کی گئی

10
مختلف علاقوں

اسلام آباد حکومت نے کہا ہے کہ ملک میں امن و امان کی صورتحال بہتر بنانے کیلئے تمام ادارے مل کر کام کر رہے ہیں اور عوام کو ریلیف فراہم کرنے کیلئے اقدامات کیے جا رہے ہیں جبکہ مختلف شہروں میں ترقیاتی منصوبوں پر کام تیزی سے جاری ہے اور متعلقہ حکام کو ہدایت کی گئی ہے کہ وہ بروقت منصوبے مکمل کریں عدالت نے فریقین کو نوٹس جاری کرتے ہوئے سماعت ملتوی کر دی

اسلام آباد حکومت نے کہا ہے کہ ملک میں امن و امان کی صورتحال بہتر بنانے کیلئے تمام ادارے مل کر کام کر رہے ہیں اور عوام کو ریلیف فراہم کرنے کیلئے اقدامات کیے جا رہے ہیں جبکہ مختلف شہروں میں ترقیاتی منصوبوں پر کام تیزی سے جاری ہے اور متعلقہ حکام کو ہدایت کی گئی ہے کہ وہ بروقت منصوبے مکمل کریں عدالت نے فریقین کو نوٹس جاری کرتے ہوئے سماعت ملتوی کر دی

اسلام آباد حکومت نے کہا ہے کہ ملک میں امن و امان کی صورتحال بہتر بنانے کیلئے تمام ادارے مل کر کام کر رہے ہیں اور عوام کو ریلیف فراہم کرنے کیلئے اقدامات کیے جا رہے ہیں جبکہ مختلف شہروں میں ترقیاتی منصوبوں پر کام تیزی سے جاری ہے اور متعلقہ حکام کو ہدایت کی گئی ہے کہ وہ بروقت منصوبے مکمل کریں عدالت نے فریقین کو نوٹس جاری کرتے ہوئے سماعت ملتوی کر دی

اسلام آباد حکومت نے کہا ہے کہ ملک میں امن و امان کی صورتحال بہتر بنانے کیلئے تمام ادارے مل کر کام کر رہے ہیں اور عوام کو ریلیف فراہم کرنے کیلئے اقدامات کیے جا رہے ہیں جبکہ مختلف شہروں میں ترقیاتی منصوبوں پر کام تیزی سے جاری ہے اور متعلقہ حکام کو ہدایت کی گئی

1
کوئٹہ میں نیا مذاکرات

اسلام آباد حکومت نے کہا ہے کہ ملک میں امن و امان کی صورتحال بہتر بنانے کیلئے تمام ادارے مل کر کام کر رہے ہیں اور عوام کو ریلیف فراہم کرنے کیلئے اقدامات کیے جا رہے ہیں جبکہ مختلف شہروں میں ترقیاتی منصوبوں پر کام تیزی سے جاری ہے اور متعلقہ حکام کو ہدایت کی گئی ہے کہ وہ بروقت منصوبے مکمل کریں عدالت نے فریقین کو نوٹس جاری کرتے ہوئے سماعت ملتوی کر دی

اسلام آباد حکومت نے کہا ہے کہ ملک میں امن و امان کی صورتحال بہتر بنانے کیلئے تمام ادارے مل کر کام کر رہے ہیں اور عوام کو ریلیف فراہم کرنے کیلئے اقدامات کیے جا رہے ہیں جبکہ مختلف شہروں میں ترقیاتی منصوبوں پر کام تیزی سے جاری ہے اور متعلقہ حکام کو ہدایت کی گئی ہے کہ وہ بروقت منصوبے مکمل کریں عدالت نے فریقین کو نوٹس جاری کرتے ہوئے سماعت ملتوی کر دی

اسلام آباد حکومت نے کہا ہے کہ ملک میں امن و امان کی صورتحال بہتر بنانے کیلئے تمام ادارے مل کر کام کر رہے ہیں اور عوام کو ریلیف فراہم کرنے کیلئے اقدامات کیے جا رہے ہیں جبکہ مختلف شہروں میں ترقیاتی منصوبوں پر کام تیزی سے جاری ہے اور متعلقہ حکام کو ہدایت کی گئی ہے کہ وہ بروقت منصوبے مکمل کریں عدالت نے فریقین کو نوٹس جاری کرتے ہوئے سماعت ملتوی کر دی

اسلام آباد حکومت نے کہا ہے کہ ملک میں امن و امان کی صورتحال بہتر بنانے کیلئے تمام ادارے مل کر کام کر رہے ہیں اور عوام کو ریلیف فراہم کرنے کیلئے اقدامات کیے جا رہے ہیں جبکہ مختلف شہروں میں ترقیاتی منصوبوں پر کام تیزی سے جاری ہے اور متعلقہ حکام کو ہدایت کی گئی ہے کہ وہ بروقت منصوبے مکمل کریں عدالت نے فریقین کو نوٹس جاری کرتے ہوئے سماعت ملتوی کر دی

اسلام آباد حکومت نے کہا ہے کہ ملک میں امن و امان کی صورتحال بہتر بنانے کیلئے تمام ادارے مل کر کام کر رہے ہیں اور عوام کو ریلیف فراہم کرنے کیلئے اقدامات کیے جا رہے ہیں جبکہ مختلف شہروں میں ترقیاتی منصوبوں پر کام تیزی سے جاری ہے اور متعلقہ حکام کو ہدایت کی گئی ہے کہ وہ بروقت منصوبے مکمل کریں عدالت نے فریقین کو نوٹس جاری کرتے ہوئے سماعت ملتوی کر دی

اسلام آباد حکومت نے کہا ہے کہ ملک میں امن و امان کی صورتحال بہتر بنانے کیلئے تمام ادارے مل کر کام کر رہے ہیں اور عوام کو ریلیف فراہم کرنے کیلئے اقدامات کیے جا رہے ہیں جبکہ مختلف شہروں میں ترقیاتی منصوبوں پر کام تیزی سے جاری ہے اور متعلقہ حکام کو ہدایت کی گئی ہے کہ وہ بروقت منصوبے مکمل کریں عدالت نے فریقین کو نوٹس جاری کرتے ہوئے سماعت ملتوی کر دی

2
سیکورٹی فورسز

اسلام آباد حکومت نے کہا ہے کہ ملک میں امن و امان کی صورتحال بہتر بنانے کیلئے تمام ادارے مل کر کام کر رہے ہیں اور عوام کو ریلیف فراہم کرنے کیلئے اقدامات کیے جا رہے ہیں جبکہ مختلف شہروں میں ترقیاتی منصوبوں پر کام تیزی سے جاری ہے اور متعلقہ حکام کو ہدایت کی گئی ہے کہ وہ بروقت منصوبے مکمل کریں عدالت نے فریقین کو نوٹس جاری کرتے ہوئے سماعت ملتوی کر دی

اسلام آباد حکومت نے کہا ہے کہ ملک میں امن و امان کی صورتحال بہتر بنانے کیلئے تمام ادارے مل کر کام کر رہے ہیں اور عوام کو ریلیف فراہم کرنے کیلئے اقدامات کیے جا رہے ہیں جبکہ مختلف شہروں میں ترقیاتی منصوبوں پر کام تیزی سے جاری ہے اور متعلقہ حکام کو ہدایت کی گئی ہے کہ وہ بروقت منصوبے مکمل کریں عدالت نے فریقین کو نوٹس جاری کرتے ہوئے سماعت ملتوی کر دی

اسلام آباد حکومت نے کہا ہے کہ ملک میں امن و امان کی صورتحال بہتر بنانے کیلئے تمام ادارے مل کر کام کر رہے ہیں اور عوام کو ریلیف فراہم کرنے کیلئے اقدامات کیے جا رہے ہیں جبکہ مختلف شہروں میں ترقیاتی منصوبوں پر کام تیزی سے جاری ہے اور متعلقہ حکام کو ہدایت کی گئی ہے کہ وہ بروقت منصوبے مکمل کریں عدالت نے فریقین کو نوٹس جاری کرتے ہوئے سماعت ملتوی کر دی

اسلام آباد حکومت نے کہا ہے کہ ملک میں امن و امان کی صورتحال بہتر بنانے کیلئے تمام ادارے مل کر کام کر رہے ہیں اور عوام کو ریلیف فراہم کرنے کیلئے اقدامات کیے جا رہے ہیں جبکہ مختلف شہروں میں ترقیاتی منصوبوں پر کام تیزی سے جاری ہے اور متعلقہ حکام کو ہدایت کی گئی ہے کہ وہ بروقت منصوبے مکمل کریں عدالت نے فریقین کو نوٹس جاری کرتے ہوئے سماعت ملتوی کر دی

اسلام آباد حکومت نے کہا ہے کہ ملک میں امن و امان کی صورتحال بہتر بنانے کیلئے تمام ادارے مل کر کام کر رہے ہیں اور عوام کو ریلیف فراہم کرنے کیلئے اقدامات کیے جا رہے ہیں جبکہ مختلف شہروں میں ترقیاتی منصوبوں پر کام تیزی سے جاری ہے اور متعلقہ حکام کو ہدایت کی گئی ہے کہ وہ بروقت منصوبے مکمل کریں عدالت نے فریقین کو نوٹس جاری کرتے ہوئے سماعت ملتوی کر دی

اسلام آباد حکومت نے کہا ہے کہ ملک میں امن و امان کی صورتحال بہتر بنانے کیلئے تمام ادارے مل کر کام کر رہے ہیں اور عوام کو ریلیف فراہم کرنے کیلئے اقدامات کیے جا رہے ہیں جبکہ مختلف شہروں میں ترقیاتی منصوبوں پر کام تیزی سے جاری ہے اور متعلقہ حکام کو ہدایت کی گئی ہے کہ وہ بروقت منصوبے مکمل کریں عدالت نے فریقین کو نوٹس جاری کرتے ہوئے سماعت ملتوی کر دی
